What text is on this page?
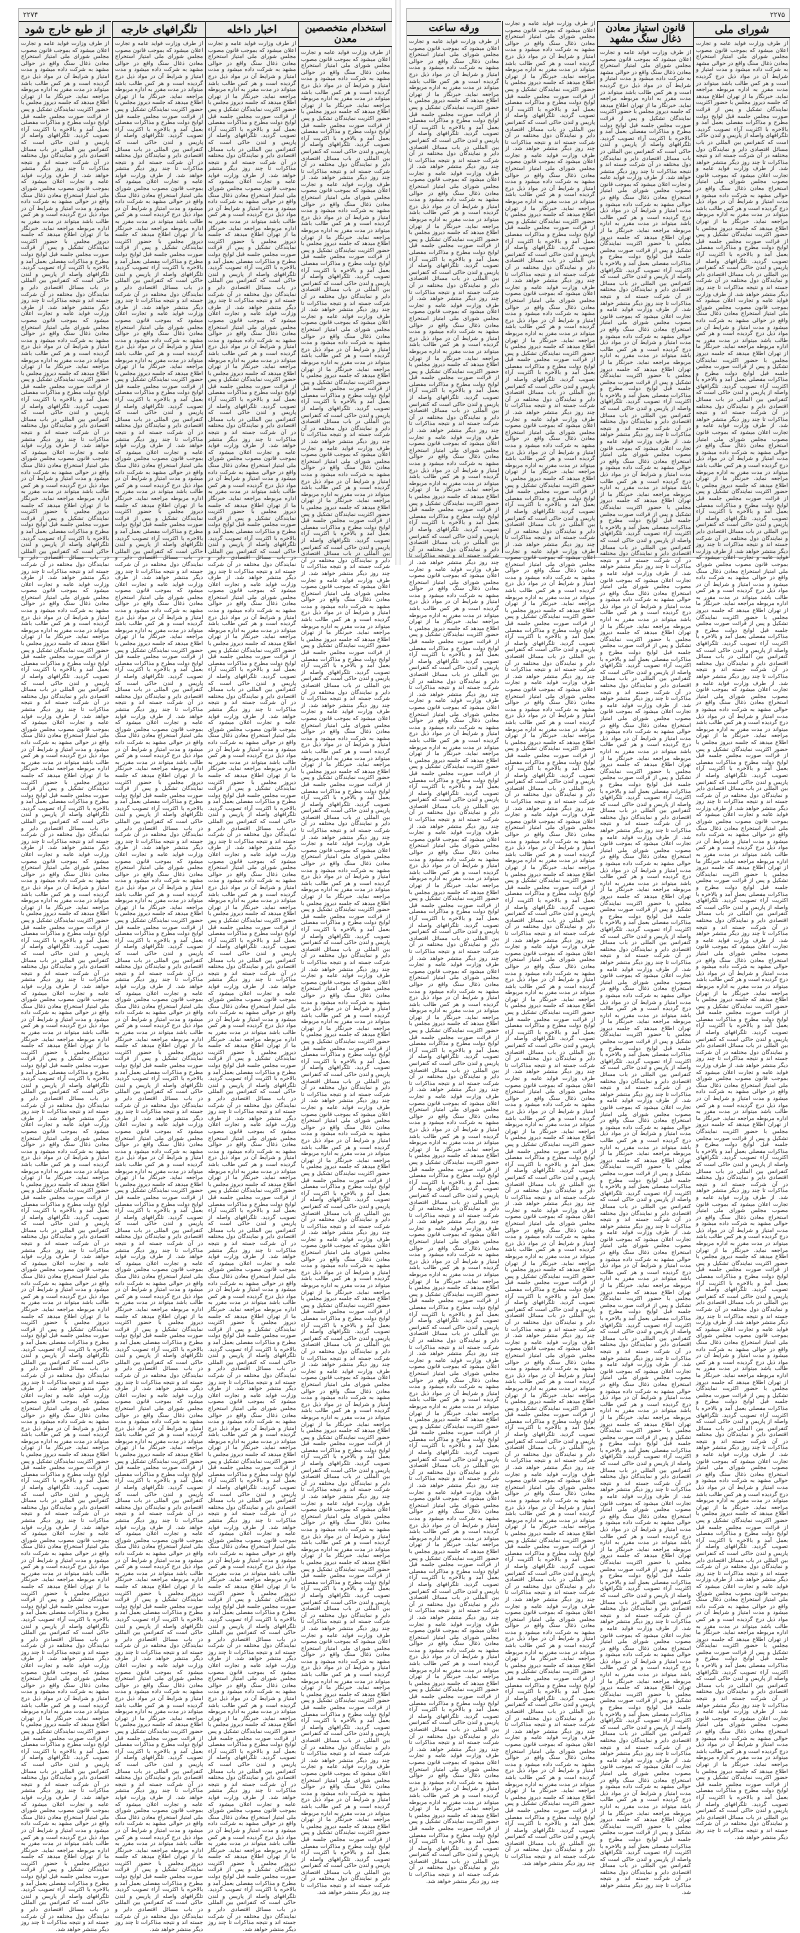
۲۲۷۴
از طبع خارج شود

از طرف وزارت فواید عامه و تجارت اعلان میشود که بموجب قانون مصوب مجلس شورای ملی امتیاز استخراج معادن ذغال سنگ واقع در حوالی مشهد به شرکت داده میشود و مدت امتیاز و شرایط آن در مواد ذیل درج گردیده است و هر کس طالب باشد میتواند در مدت مقرر به اداره مربوطه مراجعه نماید. خبرنگار ما از تهران اطلاع میدهد که جلسه دیروز مجلس با حضور اکثریت نمایندگان تشکیل و پس از قرائت صورت مجلس جلسه قبل لوایح دولت مطرح و مذاکرات مفصلی بعمل آمد و بالاخره با اکثریت آراء تصویب گردید. تلگرافهای واصله از پاریس و لندن حاکی است که کنفرانس بین المللی در باب مسائل اقتصادی دایر و نمایندگان دول مختلفه در آن شرکت جسته اند و نتیجه مذاکرات تا چند روز دیگر منتشر خواهد شد. از طرف وزارت فواید عامه و تجارت اعلان میشود که بموجب قانون مصوب مجلس شورای ملی امتیاز استخراج معادن ذغال سنگ واقع در حوالی مشهد به شرکت داده میشود و مدت امتیاز و شرایط آن در مواد ذیل درج گردیده است و هر کس طالب باشد میتواند در مدت مقرر به اداره مربوطه مراجعه نماید. خبرنگار ما از تهران اطلاع میدهد که جلسه دیروز مجلس با حضور اکثریت نمایندگان تشکیل و پس از قرائت صورت مجلس جلسه قبل لوایح دولت مطرح و مذاکرات مفصلی بعمل آمد و بالاخره با اکثریت آراء تصویب گردید. تلگرافهای واصله از پاریس و لندن حاکی است که کنفرانس بین المللی در باب مسائل اقتصادی دایر و نمایندگان دول مختلفه در آن شرکت جسته اند و نتیجه مذاکرات تا چند روز دیگر منتشر خواهد شد. از طرف وزارت فواید عامه و تجارت اعلان میشود که بموجب قانون مصوب مجلس شورای ملی امتیاز استخراج معادن ذغال سنگ واقع در حوالی مشهد به شرکت داده میشود و مدت امتیاز و شرایط آن در مواد ذیل درج گردیده است و هر کس طالب باشد میتواند در مدت مقرر به اداره مربوطه مراجعه نماید. خبرنگار ما از تهران اطلاع میدهد که جلسه دیروز مجلس با حضور اکثریت نمایندگان تشکیل و پس از قرائت صورت مجلس جلسه قبل لوایح دولت مطرح و مذاکرات مفصلی بعمل آمد و بالاخره با اکثریت آراء تصویب گردید. تلگرافهای واصله از پاریس و لندن حاکی است که کنفرانس بین المللی در باب مسائل اقتصادی دایر و نمایندگان دول مختلفه در آن شرکت جسته اند و نتیجه مذاکرات تا چند روز دیگر منتشر خواهد شد. از طرف وزارت فواید عامه و تجارت اعلان میشود که بموجب قانون مصوب مجلس شورای ملی امتیاز استخراج معادن ذغال سنگ واقع در حوالی مشهد به شرکت داده میشود و مدت امتیاز و شرایط آن در مواد ذیل درج گردیده است و هر کس طالب باشد میتواند در مدت مقرر به اداره مربوطه مراجعه نماید. خبرنگار ما از تهران اطلاع میدهد که جلسه دیروز مجلس با حضور اکثریت نمایندگان تشکیل و پس از قرائت صورت مجلس جلسه قبل لوایح دولت مطرح و مذاکرات مفصلی بعمل آمد و بالاخره با اکثریت آراء تصویب گردید. تلگرافهای واصله از پاریس و لندن حاکی است که کنفرانس بین المللی در باب مسائل اقتصادی دایر و نمایندگان دول مختلفه در آن شرکت جسته اند و نتیجه مذاکرات تا چند روز دیگر منتشر خواهد شد. از طرف وزارت فواید عامه و تجارت اعلان میشود که بموجب قانون مصوب مجلس شورای ملی امتیاز استخراج معادن ذغال سنگ واقع در حوالی مشهد به شرکت داده میشود و مدت امتیاز و شرایط آن در مواد ذیل درج گردیده است و هر کس طالب باشد میتواند در مدت مقرر به اداره مربوطه مراجعه نماید. خبرنگار ما از تهران اطلاع میدهد که جلسه دیروز مجلس با حضور اکثریت نمایندگان تشکیل و پس از قرائت صورت مجلس جلسه قبل لوایح دولت مطرح و مذاکرات مفصلی بعمل آمد و بالاخره با اکثریت آراء تصویب گردید. تلگرافهای واصله از پاریس و لندن حاکی است که کنفرانس بین المللی در باب مسائل اقتصادی دایر و نمایندگان دول مختلفه در آن شرکت جسته اند و نتیجه مذاکرات تا چند روز دیگر منتشر خواهد شد. از طرف وزارت فواید عامه و تجارت اعلان میشود که بموجب قانون مصوب مجلس شورای ملی امتیاز استخراج معادن ذغال سنگ واقع در حوالی مشهد به شرکت داده میشود و مدت امتیاز و شرایط آن در مواد ذیل درج گردیده است و هر کس طالب باشد میتواند در مدت مقرر به اداره مربوطه مراجعه نماید. خبرنگار ما از تهران اطلاع میدهد که جلسه دیروز مجلس با حضور اکثریت نمایندگان تشکیل و پس از قرائت صورت مجلس جلسه قبل لوایح دولت مطرح و مذاکرات مفصلی بعمل آمد و بالاخره با اکثریت آراء تصویب گردید. تلگرافهای واصله از پاریس و لندن حاکی است که کنفرانس بین المللی در باب مسائل اقتصادی دایر و نمایندگان دول مختلفه در آن شرکت جسته اند و نتیجه مذاکرات تا چند روز دیگر منتشر خواهد شد. از طرف وزارت فواید عامه و تجارت اعلان میشود که بموجب قانون مصوب مجلس شورای ملی امتیاز استخراج معادن ذغال سنگ واقع در حوالی مشهد به شرکت داده میشود و مدت امتیاز و شرایط آن در مواد ذیل درج گردیده است و هر کس طالب باشد میتواند در مدت مقرر به اداره مربوطه مراجعه نماید. خبرنگار ما از تهران اطلاع میدهد که جلسه دیروز مجلس با حضور اکثریت نمایندگان تشکیل و پس از قرائت صورت مجلس جلسه قبل لوایح دولت مطرح و مذاکرات مفصلی بعمل آمد و بالاخره با اکثریت آراء تصویب گردید. تلگرافهای واصله از پاریس و لندن حاکی است که کنفرانس بین المللی در باب مسائل اقتصادی دایر و نمایندگان دول مختلفه در آن شرکت جسته اند و نتیجه مذاکرات تا چند روز دیگر منتشر خواهد شد. از طرف وزارت فواید عامه و تجارت اعلان میشود که بموجب قانون مصوب مجلس شورای ملی امتیاز استخراج معادن ذغال سنگ واقع در حوالی مشهد به شرکت داده میشود و مدت امتیاز و شرایط آن در مواد ذیل درج گردیده است و هر کس طالب باشد میتواند در مدت مقرر به اداره مربوطه مراجعه نماید. خبرنگار ما از تهران اطلاع میدهد که جلسه دیروز مجلس با حضور اکثریت نمایندگان تشکیل و پس از قرائت صورت مجلس جلسه قبل لوایح دولت مطرح و مذاکرات مفصلی بعمل آمد و بالاخره با اکثریت آراء تصویب گردید. تلگرافهای واصله از پاریس و لندن حاکی است که کنفرانس بین المللی در باب مسائل اقتصادی دایر و نمایندگان دول مختلفه در آن شرکت جسته اند و نتیجه مذاکرات تا چند روز دیگر منتشر خواهد شد. از طرف وزارت فواید عامه و تجارت اعلان میشود که بموجب قانون مصوب مجلس شورای ملی امتیاز استخراج معادن ذغال سنگ واقع در حوالی مشهد به شرکت داده میشود و مدت امتیاز و شرایط آن در مواد ذیل درج گردیده است و هر کس طالب باشد میتواند در مدت مقرر به اداره مربوطه مراجعه نماید. خبرنگار ما از تهران اطلاع میدهد که جلسه دیروز مجلس با حضور اکثریت نمایندگان تشکیل و پس از قرائت صورت مجلس جلسه قبل لوایح دولت مطرح و مذاکرات مفصلی بعمل آمد و بالاخره با اکثریت آراء تصویب گردید. تلگرافهای واصله از پاریس و لندن حاکی است که کنفرانس بین المللی در باب مسائل اقتصادی دایر و نمایندگان دول مختلفه در آن شرکت جسته اند و نتیجه مذاکرات تا چند روز دیگر منتشر خواهد شد. از طرف وزارت فواید عامه و تجارت اعلان میشود که بموجب قانون مصوب مجلس شورای ملی امتیاز استخراج معادن ذغال سنگ واقع در حوالی مشهد به شرکت داده میشود و مدت امتیاز و شرایط آن در مواد ذیل درج گردیده است و هر کس طالب باشد میتواند در مدت مقرر به اداره مربوطه مراجعه نماید. خبرنگار ما از تهران اطلاع میدهد که جلسه دیروز مجلس با حضور اکثریت نمایندگان تشکیل و پس از قرائت صورت مجلس جلسه قبل لوایح دولت مطرح و مذاکرات مفصلی بعمل آمد و بالاخره با اکثریت آراء تصویب گردید. تلگرافهای واصله از پاریس و لندن حاکی است که کنفرانس بین المللی در باب مسائل اقتصادی دایر و نمایندگان دول مختلفه در آن شرکت جسته اند و نتیجه مذاکرات تا چند روز دیگر منتشر خواهد شد. از طرف وزارت فواید عامه و تجارت اعلان میشود که بموجب قانون مصوب مجلس شورای ملی امتیاز استخراج معادن ذغال سنگ واقع در حوالی مشهد به شرکت داده میشود و مدت امتیاز و شرایط آن در مواد ذیل درج گردیده است و هر کس طالب باشد میتواند در مدت مقرر به اداره مربوطه مراجعه نماید. خبرنگار ما از تهران اطلاع میدهد که جلسه دیروز مجلس با حضور اکثریت نمایندگان تشکیل و پس از قرائت صورت مجلس جلسه قبل لوایح دولت مطرح و مذاکرات مفصلی بعمل آمد و بالاخره با اکثریت آراء تصویب گردید. تلگرافهای واصله از پاریس و لندن حاکی است که کنفرانس بین المللی در باب مسائل اقتصادی دایر و نمایندگان دول مختلفه در آن شرکت جسته اند و نتیجه مذاکرات تا چند روز دیگر منتشر خواهد شد. از طرف وزارت فواید عامه و تجارت اعلان میشود که بموجب قانون مصوب مجلس شورای ملی امتیاز استخراج معادن ذغال سنگ واقع در حوالی مشهد به شرکت داده میشود و مدت امتیاز و شرایط آن در مواد ذیل درج گردیده است و هر کس طالب باشد میتواند در مدت مقرر به اداره مربوطه مراجعه نماید. خبرنگار ما از تهران اطلاع میدهد که جلسه دیروز مجلس با حضور اکثریت نمایندگان تشکیل و پس از قرائت صورت مجلس جلسه قبل لوایح دولت مطرح و مذاکرات مفصلی بعمل آمد و بالاخره با اکثریت آراء تصویب گردید. تلگرافهای واصله از پاریس و لندن حاکی است که کنفرانس بین المللی در باب مسائل اقتصادی دایر و نمایندگان دول مختلفه در آن شرکت جسته اند و نتیجه مذاکرات تا چند روز دیگر منتشر خواهد شد. از طرف وزارت فواید عامه و تجارت اعلان میشود که بموجب قانون مصوب مجلس شورای ملی امتیاز استخراج معادن ذغال سنگ واقع در حوالی مشهد به شرکت داده میشود و مدت امتیاز و شرایط آن در مواد ذیل درج گردیده است و هر کس طالب باشد میتواند در مدت مقرر به اداره مربوطه مراجعه نماید. خبرنگار ما از تهران اطلاع میدهد که جلسه دیروز مجلس با حضور اکثریت نمایندگان تشکیل و پس از قرائت صورت مجلس جلسه قبل لوایح دولت مطرح و مذاکرات مفصلی بعمل آمد و بالاخره با اکثریت آراء تصویب گردید. تلگرافهای واصله از پاریس و لندن حاکی است که کنفرانس بین المللی در باب مسائل اقتصادی دایر و نمایندگان دول مختلفه در آن شرکت جسته اند و نتیجه مذاکرات تا چند روز دیگر منتشر خواهد شد. از طرف وزارت فواید عامه و تجارت اعلان میشود که بموجب قانون مصوب مجلس شورای ملی امتیاز استخراج معادن ذغال سنگ واقع در حوالی مشهد به شرکت داده میشود و مدت امتیاز و شرایط آن در مواد ذیل درج گردیده است و هر کس طالب باشد میتواند در مدت مقرر به اداره مربوطه مراجعه نماید. خبرنگار ما از تهران اطلاع میدهد که جلسه دیروز مجلس با حضور اکثریت نمایندگان تشکیل و پس از قرائت صورت مجلس جلسه قبل لوایح دولت مطرح و مذاکرات مفصلی بعمل آمد و بالاخره با اکثریت آراء تصویب گردید. تلگرافهای واصله از پاریس و لندن حاکی است که کنفرانس بین المللی در باب مسائل اقتصادی دایر و نمایندگان دول مختلفه در آن شرکت جسته اند و نتیجه مذاکرات تا چند روز دیگر منتشر خواهد شد.

تلگرافهای خارجه

از طرف وزارت فواید عامه و تجارت اعلان میشود که بموجب قانون مصوب مجلس شورای ملی امتیاز استخراج معادن ذغال سنگ واقع در حوالی مشهد به شرکت داده میشود و مدت امتیاز و شرایط آن در مواد ذیل درج گردیده است و هر کس طالب باشد میتواند در مدت مقرر به اداره مربوطه مراجعه نماید. خبرنگار ما از تهران اطلاع میدهد که جلسه دیروز مجلس با حضور اکثریت نمایندگان تشکیل و پس از قرائت صورت مجلس جلسه قبل لوایح دولت مطرح و مذاکرات مفصلی بعمل آمد و بالاخره با اکثریت آراء تصویب گردید. تلگرافهای واصله از پاریس و لندن حاکی است که کنفرانس بین المللی در باب مسائل اقتصادی دایر و نمایندگان دول مختلفه در آن شرکت جسته اند و نتیجه مذاکرات تا چند روز دیگر منتشر خواهد شد. از طرف وزارت فواید عامه و تجارت اعلان میشود که بموجب قانون مصوب مجلس شورای ملی امتیاز استخراج معادن ذغال سنگ واقع در حوالی مشهد به شرکت داده میشود و مدت امتیاز و شرایط آن در مواد ذیل درج گردیده است و هر کس طالب باشد میتواند در مدت مقرر به اداره مربوطه مراجعه نماید. خبرنگار ما از تهران اطلاع میدهد که جلسه دیروز مجلس با حضور اکثریت نمایندگان تشکیل و پس از قرائت صورت مجلس جلسه قبل لوایح دولت مطرح و مذاکرات مفصلی بعمل آمد و بالاخره با اکثریت آراء تصویب گردید. تلگرافهای واصله از پاریس و لندن حاکی است که کنفرانس بین المللی در باب مسائل اقتصادی دایر و نمایندگان دول مختلفه در آن شرکت جسته اند و نتیجه مذاکرات تا چند روز دیگر منتشر خواهد شد. از طرف وزارت فواید عامه و تجارت اعلان میشود که بموجب قانون مصوب مجلس شورای ملی امتیاز استخراج معادن ذغال سنگ واقع در حوالی مشهد به شرکت داده میشود و مدت امتیاز و شرایط آن در مواد ذیل درج گردیده است و هر کس طالب باشد میتواند در مدت مقرر به اداره مربوطه مراجعه نماید. خبرنگار ما از تهران اطلاع میدهد که جلسه دیروز مجلس با حضور اکثریت نمایندگان تشکیل و پس از قرائت صورت مجلس جلسه قبل لوایح دولت مطرح و مذاکرات مفصلی بعمل آمد و بالاخره با اکثریت آراء تصویب گردید. تلگرافهای واصله از پاریس و لندن حاکی است که کنفرانس بین المللی در باب مسائل اقتصادی دایر و نمایندگان دول مختلفه در آن شرکت جسته اند و نتیجه مذاکرات تا چند روز دیگر منتشر خواهد شد. از طرف وزارت فواید عامه و تجارت اعلان میشود که بموجب قانون مصوب مجلس شورای ملی امتیاز استخراج معادن ذغال سنگ واقع در حوالی مشهد به شرکت داده میشود و مدت امتیاز و شرایط آن در مواد ذیل درج گردیده است و هر کس طالب باشد میتواند در مدت مقرر به اداره مربوطه مراجعه نماید. خبرنگار ما از تهران اطلاع میدهد که جلسه دیروز مجلس با حضور اکثریت نمایندگان تشکیل و پس از قرائت صورت مجلس جلسه قبل لوایح دولت مطرح و مذاکرات مفصلی بعمل آمد و بالاخره با اکثریت آراء تصویب گردید. تلگرافهای واصله از پاریس و لندن حاکی است که کنفرانس بین المللی در باب مسائل اقتصادی دایر و نمایندگان دول مختلفه در آن شرکت جسته اند و نتیجه مذاکرات تا چند روز دیگر منتشر خواهد شد. از طرف وزارت فواید عامه و تجارت اعلان میشود که بموجب قانون مصوب مجلس شورای ملی امتیاز استخراج معادن ذغال سنگ واقع در حوالی مشهد به شرکت داده میشود و مدت امتیاز و شرایط آن در مواد ذیل درج گردیده است و هر کس طالب باشد میتواند در مدت مقرر به اداره مربوطه مراجعه نماید. خبرنگار ما از تهران اطلاع میدهد که جلسه دیروز مجلس با حضور اکثریت نمایندگان تشکیل و پس از قرائت صورت مجلس جلسه قبل لوایح دولت مطرح و مذاکرات مفصلی بعمل آمد و بالاخره با اکثریت آراء تصویب گردید. تلگرافهای واصله از پاریس و لندن حاکی است که کنفرانس بین المللی در باب مسائل اقتصادی دایر و نمایندگان دول مختلفه در آن شرکت جسته اند و نتیجه مذاکرات تا چند روز دیگر منتشر خواهد شد. از طرف وزارت فواید عامه و تجارت اعلان میشود که بموجب قانون مصوب مجلس شورای ملی امتیاز استخراج معادن ذغال سنگ واقع در حوالی مشهد به شرکت داده میشود و مدت امتیاز و شرایط آن در مواد ذیل درج گردیده است و هر کس طالب باشد میتواند در مدت مقرر به اداره مربوطه مراجعه نماید. خبرنگار ما از تهران اطلاع میدهد که جلسه دیروز مجلس با حضور اکثریت نمایندگان تشکیل و پس از قرائت صورت مجلس جلسه قبل لوایح دولت مطرح و مذاکرات مفصلی بعمل آمد و بالاخره با اکثریت آراء تصویب گردید. تلگرافهای واصله از پاریس و لندن حاکی است که کنفرانس بین المللی در باب مسائل اقتصادی دایر و نمایندگان دول مختلفه در آن شرکت جسته اند و نتیجه مذاکرات تا چند روز دیگر منتشر خواهد شد. از طرف وزارت فواید عامه و تجارت اعلان میشود که بموجب قانون مصوب مجلس شورای ملی امتیاز استخراج معادن ذغال سنگ واقع در حوالی مشهد به شرکت داده میشود و مدت امتیاز و شرایط آن در مواد ذیل درج گردیده است و هر کس طالب باشد میتواند در مدت مقرر به اداره مربوطه مراجعه نماید. خبرنگار ما از تهران اطلاع میدهد که جلسه دیروز مجلس با حضور اکثریت نمایندگان تشکیل و پس از قرائت صورت مجلس جلسه قبل لوایح دولت مطرح و مذاکرات مفصلی بعمل آمد و بالاخره با اکثریت آراء تصویب گردید. تلگرافهای واصله از پاریس و لندن حاکی است که کنفرانس بین المللی در باب مسائل اقتصادی دایر و نمایندگان دول مختلفه در آن شرکت جسته اند و نتیجه مذاکرات تا چند روز دیگر منتشر خواهد شد. از طرف وزارت فواید عامه و تجارت اعلان میشود که بموجب قانون مصوب مجلس شورای ملی امتیاز استخراج معادن ذغال سنگ واقع در حوالی مشهد به شرکت داده میشود و مدت امتیاز و شرایط آن در مواد ذیل درج گردیده است و هر کس طالب باشد میتواند در مدت مقرر به اداره مربوطه مراجعه نماید. خبرنگار ما از تهران اطلاع میدهد که جلسه دیروز مجلس با حضور اکثریت نمایندگان تشکیل و پس از قرائت صورت مجلس جلسه قبل لوایح دولت مطرح و مذاکرات مفصلی بعمل آمد و بالاخره با اکثریت آراء تصویب گردید. تلگرافهای واصله از پاریس و لندن حاکی است که کنفرانس بین المللی در باب مسائل اقتصادی دایر و نمایندگان دول مختلفه در آن شرکت جسته اند و نتیجه مذاکرات تا چند روز دیگر منتشر خواهد شد. از طرف وزارت فواید عامه و تجارت اعلان میشود که بموجب قانون مصوب مجلس شورای ملی امتیاز استخراج معادن ذغال سنگ واقع در حوالی مشهد به شرکت داده میشود و مدت امتیاز و شرایط آن در مواد ذیل درج گردیده است و هر کس طالب باشد میتواند در مدت مقرر به اداره مربوطه مراجعه نماید. خبرنگار ما از تهران اطلاع میدهد که جلسه دیروز مجلس با حضور اکثریت نمایندگان تشکیل و پس از قرائت صورت مجلس جلسه قبل لوایح دولت مطرح و مذاکرات مفصلی بعمل آمد و بالاخره با اکثریت آراء تصویب گردید. تلگرافهای واصله از پاریس و لندن حاکی است که کنفرانس بین المللی در باب مسائل اقتصادی دایر و نمایندگان دول مختلفه در آن شرکت جسته اند و نتیجه مذاکرات تا چند روز دیگر منتشر خواهد شد. از طرف وزارت فواید عامه و تجارت اعلان میشود که بموجب قانون مصوب مجلس شورای ملی امتیاز استخراج معادن ذغال سنگ واقع در حوالی مشهد به شرکت داده میشود و مدت امتیاز و شرایط آن در مواد ذیل درج گردیده است و هر کس طالب باشد میتواند در مدت مقرر به اداره مربوطه مراجعه نماید. خبرنگار ما از تهران اطلاع میدهد که جلسه دیروز مجلس با حضور اکثریت نمایندگان تشکیل و پس از قرائت صورت مجلس جلسه قبل لوایح دولت مطرح و مذاکرات مفصلی بعمل آمد و بالاخره با اکثریت آراء تصویب گردید. تلگرافهای واصله از پاریس و لندن حاکی است که کنفرانس بین المللی در باب مسائل اقتصادی دایر و نمایندگان دول مختلفه در آن شرکت جسته اند و نتیجه مذاکرات تا چند روز دیگر منتشر خواهد شد. از طرف وزارت فواید عامه و تجارت اعلان میشود که بموجب قانون مصوب مجلس شورای ملی امتیاز استخراج معادن ذغال سنگ واقع در حوالی مشهد به شرکت داده میشود و مدت امتیاز و شرایط آن در مواد ذیل درج گردیده است و هر کس طالب باشد میتواند در مدت مقرر به اداره مربوطه مراجعه نماید. خبرنگار ما از تهران اطلاع میدهد که جلسه دیروز مجلس با حضور اکثریت نمایندگان تشکیل و پس از قرائت صورت مجلس جلسه قبل لوایح دولت مطرح و مذاکرات مفصلی بعمل آمد و بالاخره با اکثریت آراء تصویب گردید. تلگرافهای واصله از پاریس و لندن حاکی است که کنفرانس بین المللی در باب مسائل اقتصادی دایر و نمایندگان دول مختلفه در آن شرکت جسته اند و نتیجه مذاکرات تا چند روز دیگر منتشر خواهد شد. از طرف وزارت فواید عامه و تجارت اعلان میشود که بموجب قانون مصوب مجلس شورای ملی امتیاز استخراج معادن ذغال سنگ واقع در حوالی مشهد به شرکت داده میشود و مدت امتیاز و شرایط آن در مواد ذیل درج گردیده است و هر کس طالب باشد میتواند در مدت مقرر به اداره مربوطه مراجعه نماید. خبرنگار ما از تهران اطلاع میدهد که جلسه دیروز مجلس با حضور اکثریت نمایندگان تشکیل و پس از قرائت صورت مجلس جلسه قبل لوایح دولت مطرح و مذاکرات مفصلی بعمل آمد و بالاخره با اکثریت آراء تصویب گردید. تلگرافهای واصله از پاریس و لندن حاکی است که کنفرانس بین المللی در باب مسائل اقتصادی دایر و نمایندگان دول مختلفه در آن شرکت جسته اند و نتیجه مذاکرات تا چند روز دیگر منتشر خواهد شد. از طرف وزارت فواید عامه و تجارت اعلان میشود که بموجب قانون مصوب مجلس شورای ملی امتیاز استخراج معادن ذغال سنگ واقع در حوالی مشهد به شرکت داده میشود و مدت امتیاز و شرایط آن در مواد ذیل درج گردیده است و هر کس طالب باشد میتواند در مدت مقرر به اداره مربوطه مراجعه نماید. خبرنگار ما از تهران اطلاع میدهد که جلسه دیروز مجلس با حضور اکثریت نمایندگان تشکیل و پس از قرائت صورت مجلس جلسه قبل لوایح دولت مطرح و مذاکرات مفصلی بعمل آمد و بالاخره با اکثریت آراء تصویب گردید. تلگرافهای واصله از پاریس و لندن حاکی است که کنفرانس بین المللی در باب مسائل اقتصادی دایر و نمایندگان دول مختلفه در آن شرکت جسته اند و نتیجه مذاکرات تا چند روز دیگر منتشر خواهد شد. از طرف وزارت فواید عامه و تجارت اعلان میشود که بموجب قانون مصوب مجلس شورای ملی امتیاز استخراج معادن ذغال سنگ واقع در حوالی مشهد به شرکت داده میشود و مدت امتیاز و شرایط آن در مواد ذیل درج گردیده است و هر کس طالب باشد میتواند در مدت مقرر به اداره مربوطه مراجعه نماید. خبرنگار ما از تهران اطلاع میدهد که جلسه دیروز مجلس با حضور اکثریت نمایندگان تشکیل و پس از قرائت صورت مجلس جلسه قبل لوایح دولت مطرح و مذاکرات مفصلی بعمل آمد و بالاخره با اکثریت آراء تصویب گردید. تلگرافهای واصله از پاریس و لندن حاکی است که کنفرانس بین المللی در باب مسائل اقتصادی دایر و نمایندگان دول مختلفه در آن شرکت جسته اند و نتیجه مذاکرات تا چند روز دیگر منتشر خواهد شد.

اخبار داخله

از طرف وزارت فواید عامه و تجارت اعلان میشود که بموجب قانون مصوب مجلس شورای ملی امتیاز استخراج معادن ذغال سنگ واقع در حوالی مشهد به شرکت داده میشود و مدت امتیاز و شرایط آن در مواد ذیل درج گردیده است و هر کس طالب باشد میتواند در مدت مقرر به اداره مربوطه مراجعه نماید. خبرنگار ما از تهران اطلاع میدهد که جلسه دیروز مجلس با حضور اکثریت نمایندگان تشکیل و پس از قرائت صورت مجلس جلسه قبل لوایح دولت مطرح و مذاکرات مفصلی بعمل آمد و بالاخره با اکثریت آراء تصویب گردید. تلگرافهای واصله از پاریس و لندن حاکی است که کنفرانس بین المللی در باب مسائل اقتصادی دایر و نمایندگان دول مختلفه در آن شرکت جسته اند و نتیجه مذاکرات تا چند روز دیگر منتشر خواهد شد. از طرف وزارت فواید عامه و تجارت اعلان میشود که بموجب قانون مصوب مجلس شورای ملی امتیاز استخراج معادن ذغال سنگ واقع در حوالی مشهد به شرکت داده میشود و مدت امتیاز و شرایط آن در مواد ذیل درج گردیده است و هر کس طالب باشد میتواند در مدت مقرر به اداره مربوطه مراجعه نماید. خبرنگار ما از تهران اطلاع میدهد که جلسه دیروز مجلس با حضور اکثریت نمایندگان تشکیل و پس از قرائت صورت مجلس جلسه قبل لوایح دولت مطرح و مذاکرات مفصلی بعمل آمد و بالاخره با اکثریت آراء تصویب گردید. تلگرافهای واصله از پاریس و لندن حاکی است که کنفرانس بین المللی در باب مسائل اقتصادی دایر و نمایندگان دول مختلفه در آن شرکت جسته اند و نتیجه مذاکرات تا چند روز دیگر منتشر خواهد شد. از طرف وزارت فواید عامه و تجارت اعلان میشود که بموجب قانون مصوب مجلس شورای ملی امتیاز استخراج معادن ذغال سنگ واقع در حوالی مشهد به شرکت داده میشود و مدت امتیاز و شرایط آن در مواد ذیل درج گردیده است و هر کس طالب باشد میتواند در مدت مقرر به اداره مربوطه مراجعه نماید. خبرنگار ما از تهران اطلاع میدهد که جلسه دیروز مجلس با حضور اکثریت نمایندگان تشکیل و پس از قرائت صورت مجلس جلسه قبل لوایح دولت مطرح و مذاکرات مفصلی بعمل آمد و بالاخره با اکثریت آراء تصویب گردید. تلگرافهای واصله از پاریس و لندن حاکی است که کنفرانس بین المللی در باب مسائل اقتصادی دایر و نمایندگان دول مختلفه در آن شرکت جسته اند و نتیجه مذاکرات تا چند روز دیگر منتشر خواهد شد. از طرف وزارت فواید عامه و تجارت اعلان میشود که بموجب قانون مصوب مجلس شورای ملی امتیاز استخراج معادن ذغال سنگ واقع در حوالی مشهد به شرکت داده میشود و مدت امتیاز و شرایط آن در مواد ذیل درج گردیده است و هر کس طالب باشد میتواند در مدت مقرر به اداره مربوطه مراجعه نماید. خبرنگار ما از تهران اطلاع میدهد که جلسه دیروز مجلس با حضور اکثریت نمایندگان تشکیل و پس از قرائت صورت مجلس جلسه قبل لوایح دولت مطرح و مذاکرات مفصلی بعمل آمد و بالاخره با اکثریت آراء تصویب گردید. تلگرافهای واصله از پاریس و لندن حاکی است که کنفرانس بین المللی در باب مسائل اقتصادی دایر و نمایندگان دول مختلفه در آن شرکت جسته اند و نتیجه مذاکرات تا چند روز دیگر منتشر خواهد شد. از طرف وزارت فواید عامه و تجارت اعلان میشود که بموجب قانون مصوب مجلس شورای ملی امتیاز استخراج معادن ذغال سنگ واقع در حوالی مشهد به شرکت داده میشود و مدت امتیاز و شرایط آن در مواد ذیل درج گردیده است و هر کس طالب باشد میتواند در مدت مقرر به اداره مربوطه مراجعه نماید. خبرنگار ما از تهران اطلاع میدهد که جلسه دیروز مجلس با حضور اکثریت نمایندگان تشکیل و پس از قرائت صورت مجلس جلسه قبل لوایح دولت مطرح و مذاکرات مفصلی بعمل آمد و بالاخره با اکثریت آراء تصویب گردید. تلگرافهای واصله از پاریس و لندن حاکی است که کنفرانس بین المللی در باب مسائل اقتصادی دایر و نمایندگان دول مختلفه در آن شرکت جسته اند و نتیجه مذاکرات تا چند روز دیگر منتشر خواهد شد. از طرف وزارت فواید عامه و تجارت اعلان میشود که بموجب قانون مصوب مجلس شورای ملی امتیاز استخراج معادن ذغال سنگ واقع در حوالی مشهد به شرکت داده میشود و مدت امتیاز و شرایط آن در مواد ذیل درج گردیده است و هر کس طالب باشد میتواند در مدت مقرر به اداره مربوطه مراجعه نماید. خبرنگار ما از تهران اطلاع میدهد که جلسه دیروز مجلس با حضور اکثریت نمایندگان تشکیل و پس از قرائت صورت مجلس جلسه قبل لوایح دولت مطرح و مذاکرات مفصلی بعمل آمد و بالاخره با اکثریت آراء تصویب گردید. تلگرافهای واصله از پاریس و لندن حاکی است که کنفرانس بین المللی در باب مسائل اقتصادی دایر و نمایندگان دول مختلفه در آن شرکت جسته اند و نتیجه مذاکرات تا چند روز دیگر منتشر خواهد شد. از طرف وزارت فواید عامه و تجارت اعلان میشود که بموجب قانون مصوب مجلس شورای ملی امتیاز استخراج معادن ذغال سنگ واقع در حوالی مشهد به شرکت داده میشود و مدت امتیاز و شرایط آن در مواد ذیل درج گردیده است و هر کس طالب باشد میتواند در مدت مقرر به اداره مربوطه مراجعه نماید. خبرنگار ما از تهران اطلاع میدهد که جلسه دیروز مجلس با حضور اکثریت نمایندگان تشکیل و پس از قرائت صورت مجلس جلسه قبل لوایح دولت مطرح و مذاکرات مفصلی بعمل آمد و بالاخره با اکثریت آراء تصویب گردید. تلگرافهای واصله از پاریس و لندن حاکی است که کنفرانس بین المللی در باب مسائل اقتصادی دایر و نمایندگان دول مختلفه در آن شرکت جسته اند و نتیجه مذاکرات تا چند روز دیگر منتشر خواهد شد. از طرف وزارت فواید عامه و تجارت اعلان میشود که بموجب قانون مصوب مجلس شورای ملی امتیاز استخراج معادن ذغال سنگ واقع در حوالی مشهد به شرکت داده میشود و مدت امتیاز و شرایط آن در مواد ذیل درج گردیده است و هر کس طالب باشد میتواند در مدت مقرر به اداره مربوطه مراجعه نماید. خبرنگار ما از تهران اطلاع میدهد که جلسه دیروز مجلس با حضور اکثریت نمایندگان تشکیل و پس از قرائت صورت مجلس جلسه قبل لوایح دولت مطرح و مذاکرات مفصلی بعمل آمد و بالاخره با اکثریت آراء تصویب گردید. تلگرافهای واصله از پاریس و لندن حاکی است که کنفرانس بین المللی در باب مسائل اقتصادی دایر و نمایندگان دول مختلفه در آن شرکت جسته اند و نتیجه مذاکرات تا چند روز دیگر منتشر خواهد شد. از طرف وزارت فواید عامه و تجارت اعلان میشود که بموجب قانون مصوب مجلس شورای ملی امتیاز استخراج معادن ذغال سنگ واقع در حوالی مشهد به شرکت داده میشود و مدت امتیاز و شرایط آن در مواد ذیل درج گردیده است و هر کس طالب باشد میتواند در مدت مقرر به اداره مربوطه مراجعه نماید. خبرنگار ما از تهران اطلاع میدهد که جلسه دیروز مجلس با حضور اکثریت نمایندگان تشکیل و پس از قرائت صورت مجلس جلسه قبل لوایح دولت مطرح و مذاکرات مفصلی بعمل آمد و بالاخره با اکثریت آراء تصویب گردید. تلگرافهای واصله از پاریس و لندن حاکی است که کنفرانس بین المللی در باب مسائل اقتصادی دایر و نمایندگان دول مختلفه در آن شرکت جسته اند و نتیجه مذاکرات تا چند روز دیگر منتشر خواهد شد. از طرف وزارت فواید عامه و تجارت اعلان میشود که بموجب قانون مصوب مجلس شورای ملی امتیاز استخراج معادن ذغال سنگ واقع در حوالی مشهد به شرکت داده میشود و مدت امتیاز و شرایط آن در مواد ذیل درج گردیده است و هر کس طالب باشد میتواند در مدت مقرر به اداره مربوطه مراجعه نماید. خبرنگار ما از تهران اطلاع میدهد که جلسه دیروز مجلس با حضور اکثریت نمایندگان تشکیل و پس از قرائت صورت مجلس جلسه قبل لوایح دولت مطرح و مذاکرات مفصلی بعمل آمد و بالاخره با اکثریت آراء تصویب گردید. تلگرافهای واصله از پاریس و لندن حاکی است که کنفرانس بین المللی در باب مسائل اقتصادی دایر و نمایندگان دول مختلفه در آن شرکت جسته اند و نتیجه مذاکرات تا چند روز دیگر منتشر خواهد شد. از طرف وزارت فواید عامه و تجارت اعلان میشود که بموجب قانون مصوب مجلس شورای ملی امتیاز استخراج معادن ذغال سنگ واقع در حوالی مشهد به شرکت داده میشود و مدت امتیاز و شرایط آن در مواد ذیل درج گردیده است و هر کس طالب باشد میتواند در مدت مقرر به اداره مربوطه مراجعه نماید. خبرنگار ما از تهران اطلاع میدهد که جلسه دیروز مجلس با حضور اکثریت نمایندگان تشکیل و پس از قرائت صورت مجلس جلسه قبل لوایح دولت مطرح و مذاکرات مفصلی بعمل آمد و بالاخره با اکثریت آراء تصویب گردید. تلگرافهای واصله از پاریس و لندن حاکی است که کنفرانس بین المللی در باب مسائل اقتصادی دایر و نمایندگان دول مختلفه در آن شرکت جسته اند و نتیجه مذاکرات تا چند روز دیگر منتشر خواهد شد. از طرف وزارت فواید عامه و تجارت اعلان میشود که بموجب قانون مصوب مجلس شورای ملی امتیاز استخراج معادن ذغال سنگ واقع در حوالی مشهد به شرکت داده میشود و مدت امتیاز و شرایط آن در مواد ذیل درج گردیده است و هر کس طالب باشد میتواند در مدت مقرر به اداره مربوطه مراجعه نماید. خبرنگار ما از تهران اطلاع میدهد که جلسه دیروز مجلس با حضور اکثریت نمایندگان تشکیل و پس از قرائت صورت مجلس جلسه قبل لوایح دولت مطرح و مذاکرات مفصلی بعمل آمد و بالاخره با اکثریت آراء تصویب گردید. تلگرافهای واصله از پاریس و لندن حاکی است که کنفرانس بین المللی در باب مسائل اقتصادی دایر و نمایندگان دول مختلفه در آن شرکت جسته اند و نتیجه مذاکرات تا چند روز دیگر منتشر خواهد شد. از طرف وزارت فواید عامه و تجارت اعلان میشود که بموجب قانون مصوب مجلس شورای ملی امتیاز استخراج معادن ذغال سنگ واقع در حوالی مشهد به شرکت داده میشود و مدت امتیاز و شرایط آن در مواد ذیل درج گردیده است و هر کس طالب باشد میتواند در مدت مقرر به اداره مربوطه مراجعه نماید. خبرنگار ما از تهران اطلاع میدهد که جلسه دیروز مجلس با حضور اکثریت نمایندگان تشکیل و پس از قرائت صورت مجلس جلسه قبل لوایح دولت مطرح و مذاکرات مفصلی بعمل آمد و بالاخره با اکثریت آراء تصویب گردید. تلگرافهای واصله از پاریس و لندن حاکی است که کنفرانس بین المللی در باب مسائل اقتصادی دایر و نمایندگان دول مختلفه در آن شرکت جسته اند و نتیجه مذاکرات تا چند روز دیگر منتشر خواهد شد. از طرف وزارت فواید عامه و تجارت اعلان میشود که بموجب قانون مصوب مجلس شورای ملی امتیاز استخراج معادن ذغال سنگ واقع در حوالی مشهد به شرکت داده میشود و مدت امتیاز و شرایط آن در مواد ذیل درج گردیده است و هر کس طالب باشد میتواند در مدت مقرر به اداره مربوطه مراجعه نماید. خبرنگار ما از تهران اطلاع میدهد که جلسه دیروز مجلس با حضور اکثریت نمایندگان تشکیل و پس از قرائت صورت مجلس جلسه قبل لوایح دولت مطرح و مذاکرات مفصلی بعمل آمد و بالاخره با اکثریت آراء تصویب گردید. تلگرافهای واصله از پاریس و لندن حاکی است که کنفرانس بین المللی در باب مسائل اقتصادی دایر و نمایندگان دول مختلفه در آن شرکت جسته اند و نتیجه مذاکرات تا چند روز دیگر منتشر خواهد شد.

استخدام متخصصین معدن

از طرف وزارت فواید عامه و تجارت اعلان میشود که بموجب قانون مصوب مجلس شورای ملی امتیاز استخراج معادن ذغال سنگ واقع در حوالی مشهد به شرکت داده میشود و مدت امتیاز و شرایط آن در مواد ذیل درج گردیده است و هر کس طالب باشد میتواند در مدت مقرر به اداره مربوطه مراجعه نماید. خبرنگار ما از تهران اطلاع میدهد که جلسه دیروز مجلس با حضور اکثریت نمایندگان تشکیل و پس از قرائت صورت مجلس جلسه قبل لوایح دولت مطرح و مذاکرات مفصلی بعمل آمد و بالاخره با اکثریت آراء تصویب گردید. تلگرافهای واصله از پاریس و لندن حاکی است که کنفرانس بین المللی در باب مسائل اقتصادی دایر و نمایندگان دول مختلفه در آن شرکت جسته اند و نتیجه مذاکرات تا چند روز دیگر منتشر خواهد شد. از طرف وزارت فواید عامه و تجارت اعلان میشود که بموجب قانون مصوب مجلس شورای ملی امتیاز استخراج معادن ذغال سنگ واقع در حوالی مشهد به شرکت داده میشود و مدت امتیاز و شرایط آن در مواد ذیل درج گردیده است و هر کس طالب باشد میتواند در مدت مقرر به اداره مربوطه مراجعه نماید. خبرنگار ما از تهران اطلاع میدهد که جلسه دیروز مجلس با حضور اکثریت نمایندگان تشکیل و پس از قرائت صورت مجلس جلسه قبل لوایح دولت مطرح و مذاکرات مفصلی بعمل آمد و بالاخره با اکثریت آراء تصویب گردید. تلگرافهای واصله از پاریس و لندن حاکی است که کنفرانس بین المللی در باب مسائل اقتصادی دایر و نمایندگان دول مختلفه در آن شرکت جسته اند و نتیجه مذاکرات تا چند روز دیگر منتشر خواهد شد. از طرف وزارت فواید عامه و تجارت اعلان میشود که بموجب قانون مصوب مجلس شورای ملی امتیاز استخراج معادن ذغال سنگ واقع در حوالی مشهد به شرکت داده میشود و مدت امتیاز و شرایط آن در مواد ذیل درج گردیده است و هر کس طالب باشد میتواند در مدت مقرر به اداره مربوطه مراجعه نماید. خبرنگار ما از تهران اطلاع میدهد که جلسه دیروز مجلس با حضور اکثریت نمایندگان تشکیل و پس از قرائت صورت مجلس جلسه قبل لوایح دولت مطرح و مذاکرات مفصلی بعمل آمد و بالاخره با اکثریت آراء تصویب گردید. تلگرافهای واصله از پاریس و لندن حاکی است که کنفرانس بین المللی در باب مسائل اقتصادی دایر و نمایندگان دول مختلفه در آن شرکت جسته اند و نتیجه مذاکرات تا چند روز دیگر منتشر خواهد شد. از طرف وزارت فواید عامه و تجارت اعلان میشود که بموجب قانون مصوب مجلس شورای ملی امتیاز استخراج معادن ذغال سنگ واقع در حوالی مشهد به شرکت داده میشود و مدت امتیاز و شرایط آن در مواد ذیل درج گردیده است و هر کس طالب باشد میتواند در مدت مقرر به اداره مربوطه مراجعه نماید. خبرنگار ما از تهران اطلاع میدهد که جلسه دیروز مجلس با حضور اکثریت نمایندگان تشکیل و پس از قرائت صورت مجلس جلسه قبل لوایح دولت مطرح و مذاکرات مفصلی بعمل آمد و بالاخره با اکثریت آراء تصویب گردید. تلگرافهای واصله از پاریس و لندن حاکی است که کنفرانس بین المللی در باب مسائل اقتصادی دایر و نمایندگان دول مختلفه در آن شرکت جسته اند و نتیجه مذاکرات تا چند روز دیگر منتشر خواهد شد. از طرف وزارت فواید عامه و تجارت اعلان میشود که بموجب قانون مصوب مجلس شورای ملی امتیاز استخراج معادن ذغال سنگ واقع در حوالی مشهد به شرکت داده میشود و مدت امتیاز و شرایط آن در مواد ذیل درج گردیده است و هر کس طالب باشد میتواند در مدت مقرر به اداره مربوطه مراجعه نماید. خبرنگار ما از تهران اطلاع میدهد که جلسه دیروز مجلس با حضور اکثریت نمایندگان تشکیل و پس از قرائت صورت مجلس جلسه قبل لوایح دولت مطرح و مذاکرات مفصلی بعمل آمد و بالاخره با اکثریت آراء تصویب گردید. تلگرافهای واصله از پاریس و لندن حاکی است که کنفرانس بین المللی در باب مسائل اقتصادی دایر و نمایندگان دول مختلفه در آن شرکت جسته اند و نتیجه مذاکرات تا چند روز دیگر منتشر خواهد شد. از طرف وزارت فواید عامه و تجارت اعلان میشود که بموجب قانون مصوب مجلس شورای ملی امتیاز استخراج معادن ذغال سنگ واقع در حوالی مشهد به شرکت داده میشود و مدت امتیاز و شرایط آن در مواد ذیل درج گردیده است و هر کس طالب باشد میتواند در مدت مقرر به اداره مربوطه مراجعه نماید. خبرنگار ما از تهران اطلاع میدهد که جلسه دیروز مجلس با حضور اکثریت نمایندگان تشکیل و پس از قرائت صورت مجلس جلسه قبل لوایح دولت مطرح و مذاکرات مفصلی بعمل آمد و بالاخره با اکثریت آراء تصویب گردید. تلگرافهای واصله از پاریس و لندن حاکی است که کنفرانس بین المللی در باب مسائل اقتصادی دایر و نمایندگان دول مختلفه در آن شرکت جسته اند و نتیجه مذاکرات تا چند روز دیگر منتشر خواهد شد. از طرف وزارت فواید عامه و تجارت اعلان میشود که بموجب قانون مصوب مجلس شورای ملی امتیاز استخراج معادن ذغال سنگ واقع در حوالی مشهد به شرکت داده میشود و مدت امتیاز و شرایط آن در مواد ذیل درج گردیده است و هر کس طالب باشد میتواند در مدت مقرر به اداره مربوطه مراجعه نماید. خبرنگار ما از تهران اطلاع میدهد که جلسه دیروز مجلس با حضور اکثریت نمایندگان تشکیل و پس از قرائت صورت مجلس جلسه قبل لوایح دولت مطرح و مذاکرات مفصلی بعمل آمد و بالاخره با اکثریت آراء تصویب گردید. تلگرافهای واصله از پاریس و لندن حاکی است که کنفرانس بین المللی در باب مسائل اقتصادی دایر و نمایندگان دول مختلفه در آن شرکت جسته اند و نتیجه مذاکرات تا چند روز دیگر منتشر خواهد شد. از طرف وزارت فواید عامه و تجارت اعلان میشود که بموجب قانون مصوب مجلس شورای ملی امتیاز استخراج معادن ذغال سنگ واقع در حوالی مشهد به شرکت داده میشود و مدت امتیاز و شرایط آن در مواد ذیل درج گردیده است و هر کس طالب باشد میتواند در مدت مقرر به اداره مربوطه مراجعه نماید. خبرنگار ما از تهران اطلاع میدهد که جلسه دیروز مجلس با حضور اکثریت نمایندگان تشکیل و پس از قرائت صورت مجلس جلسه قبل لوایح دولت مطرح و مذاکرات مفصلی بعمل آمد و بالاخره با اکثریت آراء تصویب گردید. تلگرافهای واصله از پاریس و لندن حاکی است که کنفرانس بین المللی در باب مسائل اقتصادی دایر و نمایندگان دول مختلفه در آن شرکت جسته اند و نتیجه مذاکرات تا چند روز دیگر منتشر خواهد شد. از طرف وزارت فواید عامه و تجارت اعلان میشود که بموجب قانون مصوب مجلس شورای ملی امتیاز استخراج معادن ذغال سنگ واقع در حوالی مشهد به شرکت داده میشود و مدت امتیاز و شرایط آن در مواد ذیل درج گردیده است و هر کس طالب باشد میتواند در مدت مقرر به اداره مربوطه مراجعه نماید. خبرنگار ما از تهران اطلاع میدهد که جلسه دیروز مجلس با حضور اکثریت نمایندگان تشکیل و پس از قرائت صورت مجلس جلسه قبل لوایح دولت مطرح و مذاکرات مفصلی بعمل آمد و بالاخره با اکثریت آراء تصویب گردید. تلگرافهای واصله از پاریس و لندن حاکی است که کنفرانس بین المللی در باب مسائل اقتصادی دایر و نمایندگان دول مختلفه در آن شرکت جسته اند و نتیجه مذاکرات تا چند روز دیگر منتشر خواهد شد. از طرف وزارت فواید عامه و تجارت اعلان میشود که بموجب قانون مصوب مجلس شورای ملی امتیاز استخراج معادن ذغال سنگ واقع در حوالی مشهد به شرکت داده میشود و مدت امتیاز و شرایط آن در مواد ذیل درج گردیده است و هر کس طالب باشد میتواند در مدت مقرر به اداره مربوطه مراجعه نماید. خبرنگار ما از تهران اطلاع میدهد که جلسه دیروز مجلس با حضور اکثریت نمایندگان تشکیل و پس از قرائت صورت مجلس جلسه قبل لوایح دولت مطرح و مذاکرات مفصلی بعمل آمد و بالاخره با اکثریت آراء تصویب گردید. تلگرافهای واصله از پاریس و لندن حاکی است که کنفرانس بین المللی در باب مسائل اقتصادی دایر و نمایندگان دول مختلفه در آن شرکت جسته اند و نتیجه مذاکرات تا چند روز دیگر منتشر خواهد شد. از طرف وزارت فواید عامه و تجارت اعلان میشود که بموجب قانون مصوب مجلس شورای ملی امتیاز استخراج معادن ذغال سنگ واقع در حوالی مشهد به شرکت داده میشود و مدت امتیاز و شرایط آن در مواد ذیل درج گردیده است و هر کس طالب باشد میتواند در مدت مقرر به اداره مربوطه مراجعه نماید. خبرنگار ما از تهران اطلاع میدهد که جلسه دیروز مجلس با حضور اکثریت نمایندگان تشکیل و پس از قرائت صورت مجلس جلسه قبل لوایح دولت مطرح و مذاکرات مفصلی بعمل آمد و بالاخره با اکثریت آراء تصویب گردید. تلگرافهای واصله از پاریس و لندن حاکی است که کنفرانس بین المللی در باب مسائل اقتصادی دایر و نمایندگان دول مختلفه در آن شرکت جسته اند و نتیجه مذاکرات تا چند روز دیگر منتشر خواهد شد. از طرف وزارت فواید عامه و تجارت اعلان میشود که بموجب قانون مصوب مجلس شورای ملی امتیاز استخراج معادن ذغال سنگ واقع در حوالی مشهد به شرکت داده میشود و مدت امتیاز و شرایط آن در مواد ذیل درج گردیده است و هر کس طالب باشد میتواند در مدت مقرر به اداره مربوطه مراجعه نماید. خبرنگار ما از تهران اطلاع میدهد که جلسه دیروز مجلس با حضور اکثریت نمایندگان تشکیل و پس از قرائت صورت مجلس جلسه قبل لوایح دولت مطرح و مذاکرات مفصلی بعمل آمد و بالاخره با اکثریت آراء تصویب گردید. تلگرافهای واصله از پاریس و لندن حاکی است که کنفرانس بین المللی در باب مسائل اقتصادی دایر و نمایندگان دول مختلفه در آن شرکت جسته اند و نتیجه مذاکرات تا چند روز دیگر منتشر خواهد شد. از طرف وزارت فواید عامه و تجارت اعلان میشود که بموجب قانون مصوب مجلس شورای ملی امتیاز استخراج معادن ذغال سنگ واقع در حوالی مشهد به شرکت داده میشود و مدت امتیاز و شرایط آن در مواد ذیل درج گردیده است و هر کس طالب باشد میتواند در مدت مقرر به اداره مربوطه مراجعه نماید. خبرنگار ما از تهران اطلاع میدهد که جلسه دیروز مجلس با حضور اکثریت نمایندگان تشکیل و پس از قرائت صورت مجلس جلسه قبل لوایح دولت مطرح و مذاکرات مفصلی بعمل آمد و بالاخره با اکثریت آراء تصویب گردید. تلگرافهای واصله از پاریس و لندن حاکی است که کنفرانس بین المللی در باب مسائل اقتصادی دایر و نمایندگان دول مختلفه در آن شرکت جسته اند و نتیجه مذاکرات تا چند روز دیگر منتشر خواهد شد. از طرف وزارت فواید عامه و تجارت اعلان میشود که بموجب قانون مصوب مجلس شورای ملی امتیاز استخراج معادن ذغال سنگ واقع در حوالی مشهد به شرکت داده میشود و مدت امتیاز و شرایط آن در مواد ذیل درج گردیده است و هر کس طالب باشد میتواند در مدت مقرر به اداره مربوطه مراجعه نماید. خبرنگار ما از تهران اطلاع میدهد که جلسه دیروز مجلس با حضور اکثریت نمایندگان تشکیل و پس از قرائت صورت مجلس جلسه قبل لوایح دولت مطرح و مذاکرات مفصلی بعمل آمد و بالاخره با اکثریت آراء تصویب گردید. تلگرافهای واصله از پاریس و لندن حاکی است که کنفرانس بین المللی در باب مسائل اقتصادی دایر و نمایندگان دول مختلفه در آن شرکت جسته اند و نتیجه مذاکرات تا چند روز دیگر منتشر خواهد شد.

۲۲۷۵
ورقه ساعت

از طرف وزارت فواید عامه و تجارت اعلان میشود که بموجب قانون مصوب مجلس شورای ملی امتیاز استخراج معادن ذغال سنگ واقع در حوالی مشهد به شرکت داده میشود و مدت امتیاز و شرایط آن در مواد ذیل درج گردیده است و هر کس طالب باشد میتواند در مدت مقرر به اداره مربوطه مراجعه نماید. خبرنگار ما از تهران اطلاع میدهد که جلسه دیروز مجلس با حضور اکثریت نمایندگان تشکیل و پس از قرائت صورت مجلس جلسه قبل لوایح دولت مطرح و مذاکرات مفصلی بعمل آمد و بالاخره با اکثریت آراء تصویب گردید. تلگرافهای واصله از پاریس و لندن حاکی است که کنفرانس بین المللی در باب مسائل اقتصادی دایر و نمایندگان دول مختلفه در آن شرکت جسته اند و نتیجه مذاکرات تا چند روز دیگر منتشر خواهد شد. از طرف وزارت فواید عامه و تجارت اعلان میشود که بموجب قانون مصوب مجلس شورای ملی امتیاز استخراج معادن ذغال سنگ واقع در حوالی مشهد به شرکت داده میشود و مدت امتیاز و شرایط آن در مواد ذیل درج گردیده است و هر کس طالب باشد میتواند در مدت مقرر به اداره مربوطه مراجعه نماید. خبرنگار ما از تهران اطلاع میدهد که جلسه دیروز مجلس با حضور اکثریت نمایندگان تشکیل و پس از قرائت صورت مجلس جلسه قبل لوایح دولت مطرح و مذاکرات مفصلی بعمل آمد و بالاخره با اکثریت آراء تصویب گردید. تلگرافهای واصله از پاریس و لندن حاکی است که کنفرانس بین المللی در باب مسائل اقتصادی دایر و نمایندگان دول مختلفه در آن شرکت جسته اند و نتیجه مذاکرات تا چند روز دیگر منتشر خواهد شد. از طرف وزارت فواید عامه و تجارت اعلان میشود که بموجب قانون مصوب مجلس شورای ملی امتیاز استخراج معادن ذغال سنگ واقع در حوالی مشهد به شرکت داده میشود و مدت امتیاز و شرایط آن در مواد ذیل درج گردیده است و هر کس طالب باشد میتواند در مدت مقرر به اداره مربوطه مراجعه نماید. خبرنگار ما از تهران اطلاع میدهد که جلسه دیروز مجلس با حضور اکثریت نمایندگان تشکیل و پس از قرائت صورت مجلس جلسه قبل لوایح دولت مطرح و مذاکرات مفصلی بعمل آمد و بالاخره با اکثریت آراء تصویب گردید. تلگرافهای واصله از پاریس و لندن حاکی است که کنفرانس بین المللی در باب مسائل اقتصادی دایر و نمایندگان دول مختلفه در آن شرکت جسته اند و نتیجه مذاکرات تا چند روز دیگر منتشر خواهد شد. از طرف وزارت فواید عامه و تجارت اعلان میشود که بموجب قانون مصوب مجلس شورای ملی امتیاز استخراج معادن ذغال سنگ واقع در حوالی مشهد به شرکت داده میشود و مدت امتیاز و شرایط آن در مواد ذیل درج گردیده است و هر کس طالب باشد میتواند در مدت مقرر به اداره مربوطه مراجعه نماید. خبرنگار ما از تهران اطلاع میدهد که جلسه دیروز مجلس با حضور اکثریت نمایندگان تشکیل و پس از قرائت صورت مجلس جلسه قبل لوایح دولت مطرح و مذاکرات مفصلی بعمل آمد و بالاخره با اکثریت آراء تصویب گردید. تلگرافهای واصله از پاریس و لندن حاکی است که کنفرانس بین المللی در باب مسائل اقتصادی دایر و نمایندگان دول مختلفه در آن شرکت جسته اند و نتیجه مذاکرات تا چند روز دیگر منتشر خواهد شد. از طرف وزارت فواید عامه و تجارت اعلان میشود که بموجب قانون مصوب مجلس شورای ملی امتیاز استخراج معادن ذغال سنگ واقع در حوالی مشهد به شرکت داده میشود و مدت امتیاز و شرایط آن در مواد ذیل درج گردیده است و هر کس طالب باشد میتواند در مدت مقرر به اداره مربوطه مراجعه نماید. خبرنگار ما از تهران اطلاع میدهد که جلسه دیروز مجلس با حضور اکثریت نمایندگان تشکیل و پس از قرائت صورت مجلس جلسه قبل لوایح دولت مطرح و مذاکرات مفصلی بعمل آمد و بالاخره با اکثریت آراء تصویب گردید. تلگرافهای واصله از پاریس و لندن حاکی است که کنفرانس بین المللی در باب مسائل اقتصادی دایر و نمایندگان دول مختلفه در آن شرکت جسته اند و نتیجه مذاکرات تا چند روز دیگر منتشر خواهد شد. از طرف وزارت فواید عامه و تجارت اعلان میشود که بموجب قانون مصوب مجلس شورای ملی امتیاز استخراج معادن ذغال سنگ واقع در حوالی مشهد به شرکت داده میشود و مدت امتیاز و شرایط آن در مواد ذیل درج گردیده است و هر کس طالب باشد میتواند در مدت مقرر به اداره مربوطه مراجعه نماید. خبرنگار ما از تهران اطلاع میدهد که جلسه دیروز مجلس با حضور اکثریت نمایندگان تشکیل و پس از قرائت صورت مجلس جلسه قبل لوایح دولت مطرح و مذاکرات مفصلی بعمل آمد و بالاخره با اکثریت آراء تصویب گردید. تلگرافهای واصله از پاریس و لندن حاکی است که کنفرانس بین المللی در باب مسائل اقتصادی دایر و نمایندگان دول مختلفه در آن شرکت جسته اند و نتیجه مذاکرات تا چند روز دیگر منتشر خواهد شد. از طرف وزارت فواید عامه و تجارت اعلان میشود که بموجب قانون مصوب مجلس شورای ملی امتیاز استخراج معادن ذغال سنگ واقع در حوالی مشهد به شرکت داده میشود و مدت امتیاز و شرایط آن در مواد ذیل درج گردیده است و هر کس طالب باشد میتواند در مدت مقرر به اداره مربوطه مراجعه نماید. خبرنگار ما از تهران اطلاع میدهد که جلسه دیروز مجلس با حضور اکثریت نمایندگان تشکیل و پس از قرائت صورت مجلس جلسه قبل لوایح دولت مطرح و مذاکرات مفصلی بعمل آمد و بالاخره با اکثریت آراء تصویب گردید. تلگرافهای واصله از پاریس و لندن حاکی است که کنفرانس بین المللی در باب مسائل اقتصادی دایر و نمایندگان دول مختلفه در آن شرکت جسته اند و نتیجه مذاکرات تا چند روز دیگر منتشر خواهد شد. از طرف وزارت فواید عامه و تجارت اعلان میشود که بموجب قانون مصوب مجلس شورای ملی امتیاز استخراج معادن ذغال سنگ واقع در حوالی مشهد به شرکت داده میشود و مدت امتیاز و شرایط آن در مواد ذیل درج گردیده است و هر کس طالب باشد میتواند در مدت مقرر به اداره مربوطه مراجعه نماید. خبرنگار ما از تهران اطلاع میدهد که جلسه دیروز مجلس با حضور اکثریت نمایندگان تشکیل و پس از قرائت صورت مجلس جلسه قبل لوایح دولت مطرح و مذاکرات مفصلی بعمل آمد و بالاخره با اکثریت آراء تصویب گردید. تلگرافهای واصله از پاریس و لندن حاکی است که کنفرانس بین المللی در باب مسائل اقتصادی دایر و نمایندگان دول مختلفه در آن شرکت جسته اند و نتیجه مذاکرات تا چند روز دیگر منتشر خواهد شد. از طرف وزارت فواید عامه و تجارت اعلان میشود که بموجب قانون مصوب مجلس شورای ملی امتیاز استخراج معادن ذغال سنگ واقع در حوالی مشهد به شرکت داده میشود و مدت امتیاز و شرایط آن در مواد ذیل درج گردیده است و هر کس طالب باشد میتواند در مدت مقرر به اداره مربوطه مراجعه نماید. خبرنگار ما از تهران اطلاع میدهد که جلسه دیروز مجلس با حضور اکثریت نمایندگان تشکیل و پس از قرائت صورت مجلس جلسه قبل لوایح دولت مطرح و مذاکرات مفصلی بعمل آمد و بالاخره با اکثریت آراء تصویب گردید. تلگرافهای واصله از پاریس و لندن حاکی است که کنفرانس بین المللی در باب مسائل اقتصادی دایر و نمایندگان دول مختلفه در آن شرکت جسته اند و نتیجه مذاکرات تا چند روز دیگر منتشر خواهد شد. از طرف وزارت فواید عامه و تجارت اعلان میشود که بموجب قانون مصوب مجلس شورای ملی امتیاز استخراج معادن ذغال سنگ واقع در حوالی مشهد به شرکت داده میشود و مدت امتیاز و شرایط آن در مواد ذیل درج گردیده است و هر کس طالب باشد میتواند در مدت مقرر به اداره مربوطه مراجعه نماید. خبرنگار ما از تهران اطلاع میدهد که جلسه دیروز مجلس با حضور اکثریت نمایندگان تشکیل و پس از قرائت صورت مجلس جلسه قبل لوایح دولت مطرح و مذاکرات مفصلی بعمل آمد و بالاخره با اکثریت آراء تصویب گردید. تلگرافهای واصله از پاریس و لندن حاکی است که کنفرانس بین المللی در باب مسائل اقتصادی دایر و نمایندگان دول مختلفه در آن شرکت جسته اند و نتیجه مذاکرات تا چند روز دیگر منتشر خواهد شد. از طرف وزارت فواید عامه و تجارت اعلان میشود که بموجب قانون مصوب مجلس شورای ملی امتیاز استخراج معادن ذغال سنگ واقع در حوالی مشهد به شرکت داده میشود و مدت امتیاز و شرایط آن در مواد ذیل درج گردیده است و هر کس طالب باشد میتواند در مدت مقرر به اداره مربوطه مراجعه نماید. خبرنگار ما از تهران اطلاع میدهد که جلسه دیروز مجلس با حضور اکثریت نمایندگان تشکیل و پس از قرائت صورت مجلس جلسه قبل لوایح دولت مطرح و مذاکرات مفصلی بعمل آمد و بالاخره با اکثریت آراء تصویب گردید. تلگرافهای واصله از پاریس و لندن حاکی است که کنفرانس بین المللی در باب مسائل اقتصادی دایر و نمایندگان دول مختلفه در آن شرکت جسته اند و نتیجه مذاکرات تا چند روز دیگر منتشر خواهد شد. از طرف وزارت فواید عامه و تجارت اعلان میشود که بموجب قانون مصوب مجلس شورای ملی امتیاز استخراج معادن ذغال سنگ واقع در حوالی مشهد به شرکت داده میشود و مدت امتیاز و شرایط آن در مواد ذیل درج گردیده است و هر کس طالب باشد میتواند در مدت مقرر به اداره مربوطه مراجعه نماید. خبرنگار ما از تهران اطلاع میدهد که جلسه دیروز مجلس با حضور اکثریت نمایندگان تشکیل و پس از قرائت صورت مجلس جلسه قبل لوایح دولت مطرح و مذاکرات مفصلی بعمل آمد و بالاخره با اکثریت آراء تصویب گردید. تلگرافهای واصله از پاریس و لندن حاکی است که کنفرانس بین المللی در باب مسائل اقتصادی دایر و نمایندگان دول مختلفه در آن شرکت جسته اند و نتیجه مذاکرات تا چند روز دیگر منتشر خواهد شد. از طرف وزارت فواید عامه و تجارت اعلان میشود که بموجب قانون مصوب مجلس شورای ملی امتیاز استخراج معادن ذغال سنگ واقع در حوالی مشهد به شرکت داده میشود و مدت امتیاز و شرایط آن در مواد ذیل درج گردیده است و هر کس طالب باشد میتواند در مدت مقرر به اداره مربوطه مراجعه نماید. خبرنگار ما از تهران اطلاع میدهد که جلسه دیروز مجلس با حضور اکثریت نمایندگان تشکیل و پس از قرائت صورت مجلس جلسه قبل لوایح دولت مطرح و مذاکرات مفصلی بعمل آمد و بالاخره با اکثریت آراء تصویب گردید. تلگرافهای واصله از پاریس و لندن حاکی است که کنفرانس بین المللی در باب مسائل اقتصادی دایر و نمایندگان دول مختلفه در آن شرکت جسته اند و نتیجه مذاکرات تا چند روز دیگر منتشر خواهد شد. از طرف وزارت فواید عامه و تجارت اعلان میشود که بموجب قانون مصوب مجلس شورای ملی امتیاز استخراج معادن ذغال سنگ واقع در حوالی مشهد به شرکت داده میشود و مدت امتیاز و شرایط آن در مواد ذیل درج گردیده است و هر کس طالب باشد میتواند در مدت مقرر به اداره مربوطه مراجعه نماید. خبرنگار ما از تهران اطلاع میدهد که جلسه دیروز مجلس با حضور اکثریت نمایندگان تشکیل و پس از قرائت صورت مجلس جلسه قبل لوایح دولت مطرح و مذاکرات مفصلی بعمل آمد و بالاخره با اکثریت آراء تصویب گردید. تلگرافهای واصله از پاریس و لندن حاکی است که کنفرانس بین المللی در باب مسائل اقتصادی دایر و نمایندگان دول مختلفه در آن شرکت جسته اند و نتیجه مذاکرات تا چند روز دیگر منتشر خواهد شد.

از طرف وزارت فواید عامه و تجارت اعلان میشود که بموجب قانون مصوب مجلس شورای ملی امتیاز استخراج معادن ذغال سنگ واقع در حوالی مشهد به شرکت داده میشود و مدت امتیاز و شرایط آن در مواد ذیل درج گردیده است و هر کس طالب باشد میتواند در مدت مقرر به اداره مربوطه مراجعه نماید. خبرنگار ما از تهران اطلاع میدهد که جلسه دیروز مجلس با حضور اکثریت نمایندگان تشکیل و پس از قرائت صورت مجلس جلسه قبل لوایح دولت مطرح و مذاکرات مفصلی بعمل آمد و بالاخره با اکثریت آراء تصویب گردید. تلگرافهای واصله از پاریس و لندن حاکی است که کنفرانس بین المللی در باب مسائل اقتصادی دایر و نمایندگان دول مختلفه در آن شرکت جسته اند و نتیجه مذاکرات تا چند روز دیگر منتشر خواهد شد. از طرف وزارت فواید عامه و تجارت اعلان میشود که بموجب قانون مصوب مجلس شورای ملی امتیاز استخراج معادن ذغال سنگ واقع در حوالی مشهد به شرکت داده میشود و مدت امتیاز و شرایط آن در مواد ذیل درج گردیده است و هر کس طالب باشد میتواند در مدت مقرر به اداره مربوطه مراجعه نماید. خبرنگار ما از تهران اطلاع میدهد که جلسه دیروز مجلس با حضور اکثریت نمایندگان تشکیل و پس از قرائت صورت مجلس جلسه قبل لوایح دولت مطرح و مذاکرات مفصلی بعمل آمد و بالاخره با اکثریت آراء تصویب گردید. تلگرافهای واصله از پاریس و لندن حاکی است که کنفرانس بین المللی در باب مسائل اقتصادی دایر و نمایندگان دول مختلفه در آن شرکت جسته اند و نتیجه مذاکرات تا چند روز دیگر منتشر خواهد شد. از طرف وزارت فواید عامه و تجارت اعلان میشود که بموجب قانون مصوب مجلس شورای ملی امتیاز استخراج معادن ذغال سنگ واقع در حوالی مشهد به شرکت داده میشود و مدت امتیاز و شرایط آن در مواد ذیل درج گردیده است و هر کس طالب باشد میتواند در مدت مقرر به اداره مربوطه مراجعه نماید. خبرنگار ما از تهران اطلاع میدهد که جلسه دیروز مجلس با حضور اکثریت نمایندگان تشکیل و پس از قرائت صورت مجلس جلسه قبل لوایح دولت مطرح و مذاکرات مفصلی بعمل آمد و بالاخره با اکثریت آراء تصویب گردید. تلگرافهای واصله از پاریس و لندن حاکی است که کنفرانس بین المللی در باب مسائل اقتصادی دایر و نمایندگان دول مختلفه در آن شرکت جسته اند و نتیجه مذاکرات تا چند روز دیگر منتشر خواهد شد. از طرف وزارت فواید عامه و تجارت اعلان میشود که بموجب قانون مصوب مجلس شورای ملی امتیاز استخراج معادن ذغال سنگ واقع در حوالی مشهد به شرکت داده میشود و مدت امتیاز و شرایط آن در مواد ذیل درج گردیده است و هر کس طالب باشد میتواند در مدت مقرر به اداره مربوطه مراجعه نماید. خبرنگار ما از تهران اطلاع میدهد که جلسه دیروز مجلس با حضور اکثریت نمایندگان تشکیل و پس از قرائت صورت مجلس جلسه قبل لوایح دولت مطرح و مذاکرات مفصلی بعمل آمد و بالاخره با اکثریت آراء تصویب گردید. تلگرافهای واصله از پاریس و لندن حاکی است که کنفرانس بین المللی در باب مسائل اقتصادی دایر و نمایندگان دول مختلفه در آن شرکت جسته اند و نتیجه مذاکرات تا چند روز دیگر منتشر خواهد شد. از طرف وزارت فواید عامه و تجارت اعلان میشود که بموجب قانون مصوب مجلس شورای ملی امتیاز استخراج معادن ذغال سنگ واقع در حوالی مشهد به شرکت داده میشود و مدت امتیاز و شرایط آن در مواد ذیل درج گردیده است و هر کس طالب باشد میتواند در مدت مقرر به اداره مربوطه مراجعه نماید. خبرنگار ما از تهران اطلاع میدهد که جلسه دیروز مجلس با حضور اکثریت نمایندگان تشکیل و پس از قرائت صورت مجلس جلسه قبل لوایح دولت مطرح و مذاکرات مفصلی بعمل آمد و بالاخره با اکثریت آراء تصویب گردید. تلگرافهای واصله از پاریس و لندن حاکی است که کنفرانس بین المللی در باب مسائل اقتصادی دایر و نمایندگان دول مختلفه در آن شرکت جسته اند و نتیجه مذاکرات تا چند روز دیگر منتشر خواهد شد. از طرف وزارت فواید عامه و تجارت اعلان میشود که بموجب قانون مصوب مجلس شورای ملی امتیاز استخراج معادن ذغال سنگ واقع در حوالی مشهد به شرکت داده میشود و مدت امتیاز و شرایط آن در مواد ذیل درج گردیده است و هر کس طالب باشد میتواند در مدت مقرر به اداره مربوطه مراجعه نماید. خبرنگار ما از تهران اطلاع میدهد که جلسه دیروز مجلس با حضور اکثریت نمایندگان تشکیل و پس از قرائت صورت مجلس جلسه قبل لوایح دولت مطرح و مذاکرات مفصلی بعمل آمد و بالاخره با اکثریت آراء تصویب گردید. تلگرافهای واصله از پاریس و لندن حاکی است که کنفرانس بین المللی در باب مسائل اقتصادی دایر و نمایندگان دول مختلفه در آن شرکت جسته اند و نتیجه مذاکرات تا چند روز دیگر منتشر خواهد شد. از طرف وزارت فواید عامه و تجارت اعلان میشود که بموجب قانون مصوب مجلس شورای ملی امتیاز استخراج معادن ذغال سنگ واقع در حوالی مشهد به شرکت داده میشود و مدت امتیاز و شرایط آن در مواد ذیل درج گردیده است و هر کس طالب باشد میتواند در مدت مقرر به اداره مربوطه مراجعه نماید. خبرنگار ما از تهران اطلاع میدهد که جلسه دیروز مجلس با حضور اکثریت نمایندگان تشکیل و پس از قرائت صورت مجلس جلسه قبل لوایح دولت مطرح و مذاکرات مفصلی بعمل آمد و بالاخره با اکثریت آراء تصویب گردید. تلگرافهای واصله از پاریس و لندن حاکی است که کنفرانس بین المللی در باب مسائل اقتصادی دایر و نمایندگان دول مختلفه در آن شرکت جسته اند و نتیجه مذاکرات تا چند روز دیگر منتشر خواهد شد. از طرف وزارت فواید عامه و تجارت اعلان میشود که بموجب قانون مصوب مجلس شورای ملی امتیاز استخراج معادن ذغال سنگ واقع در حوالی مشهد به شرکت داده میشود و مدت امتیاز و شرایط آن در مواد ذیل درج گردیده است و هر کس طالب باشد میتواند در مدت مقرر به اداره مربوطه مراجعه نماید. خبرنگار ما از تهران اطلاع میدهد که جلسه دیروز مجلس با حضور اکثریت نمایندگان تشکیل و پس از قرائت صورت مجلس جلسه قبل لوایح دولت مطرح و مذاکرات مفصلی بعمل آمد و بالاخره با اکثریت آراء تصویب گردید. تلگرافهای واصله از پاریس و لندن حاکی است که کنفرانس بین المللی در باب مسائل اقتصادی دایر و نمایندگان دول مختلفه در آن شرکت جسته اند و نتیجه مذاکرات تا چند روز دیگر منتشر خواهد شد. از طرف وزارت فواید عامه و تجارت اعلان میشود که بموجب قانون مصوب مجلس شورای ملی امتیاز استخراج معادن ذغال سنگ واقع در حوالی مشهد به شرکت داده میشود و مدت امتیاز و شرایط آن در مواد ذیل درج گردیده است و هر کس طالب باشد میتواند در مدت مقرر به اداره مربوطه مراجعه نماید. خبرنگار ما از تهران اطلاع میدهد که جلسه دیروز مجلس با حضور اکثریت نمایندگان تشکیل و پس از قرائت صورت مجلس جلسه قبل لوایح دولت مطرح و مذاکرات مفصلی بعمل آمد و بالاخره با اکثریت آراء تصویب گردید. تلگرافهای واصله از پاریس و لندن حاکی است که کنفرانس بین المللی در باب مسائل اقتصادی دایر و نمایندگان دول مختلفه در آن شرکت جسته اند و نتیجه مذاکرات تا چند روز دیگر منتشر خواهد شد. از طرف وزارت فواید عامه و تجارت اعلان میشود که بموجب قانون مصوب مجلس شورای ملی امتیاز استخراج معادن ذغال سنگ واقع در حوالی مشهد به شرکت داده میشود و مدت امتیاز و شرایط آن در مواد ذیل درج گردیده است و هر کس طالب باشد میتواند در مدت مقرر به اداره مربوطه مراجعه نماید. خبرنگار ما از تهران اطلاع میدهد که جلسه دیروز مجلس با حضور اکثریت نمایندگان تشکیل و پس از قرائت صورت مجلس جلسه قبل لوایح دولت مطرح و مذاکرات مفصلی بعمل آمد و بالاخره با اکثریت آراء تصویب گردید. تلگرافهای واصله از پاریس و لندن حاکی است که کنفرانس بین المللی در باب مسائل اقتصادی دایر و نمایندگان دول مختلفه در آن شرکت جسته اند و نتیجه مذاکرات تا چند روز دیگر منتشر خواهد شد. از طرف وزارت فواید عامه و تجارت اعلان میشود که بموجب قانون مصوب مجلس شورای ملی امتیاز استخراج معادن ذغال سنگ واقع در حوالی مشهد به شرکت داده میشود و مدت امتیاز و شرایط آن در مواد ذیل درج گردیده است و هر کس طالب باشد میتواند در مدت مقرر به اداره مربوطه مراجعه نماید. خبرنگار ما از تهران اطلاع میدهد که جلسه دیروز مجلس با حضور اکثریت نمایندگان تشکیل و پس از قرائت صورت مجلس جلسه قبل لوایح دولت مطرح و مذاکرات مفصلی بعمل آمد و بالاخره با اکثریت آراء تصویب گردید. تلگرافهای واصله از پاریس و لندن حاکی است که کنفرانس بین المللی در باب مسائل اقتصادی دایر و نمایندگان دول مختلفه در آن شرکت جسته اند و نتیجه مذاکرات تا چند روز دیگر منتشر خواهد شد. از طرف وزارت فواید عامه و تجارت اعلان میشود که بموجب قانون مصوب مجلس شورای ملی امتیاز استخراج معادن ذغال سنگ واقع در حوالی مشهد به شرکت داده میشود و مدت امتیاز و شرایط آن در مواد ذیل درج گردیده است و هر کس طالب باشد میتواند در مدت مقرر به اداره مربوطه مراجعه نماید. خبرنگار ما از تهران اطلاع میدهد که جلسه دیروز مجلس با حضور اکثریت نمایندگان تشکیل و پس از قرائت صورت مجلس جلسه قبل لوایح دولت مطرح و مذاکرات مفصلی بعمل آمد و بالاخره با اکثریت آراء تصویب گردید. تلگرافهای واصله از پاریس و لندن حاکی است که کنفرانس بین المللی در باب مسائل اقتصادی دایر و نمایندگان دول مختلفه در آن شرکت جسته اند و نتیجه مذاکرات تا چند روز دیگر منتشر خواهد شد. از طرف وزارت فواید عامه و تجارت اعلان میشود که بموجب قانون مصوب مجلس شورای ملی امتیاز استخراج معادن ذغال سنگ واقع در حوالی مشهد به شرکت داده میشود و مدت امتیاز و شرایط آن در مواد ذیل درج گردیده است و هر کس طالب باشد میتواند در مدت مقرر به اداره مربوطه مراجعه نماید. خبرنگار ما از تهران اطلاع میدهد که جلسه دیروز مجلس با حضور اکثریت نمایندگان تشکیل و پس از قرائت صورت مجلس جلسه قبل لوایح دولت مطرح و مذاکرات مفصلی بعمل آمد و بالاخره با اکثریت آراء تصویب گردید. تلگرافهای واصله از پاریس و لندن حاکی است که کنفرانس بین المللی در باب مسائل اقتصادی دایر و نمایندگان دول مختلفه در آن شرکت جسته اند و نتیجه مذاکرات تا چند روز دیگر منتشر خواهد شد. از طرف وزارت فواید عامه و تجارت اعلان میشود که بموجب قانون مصوب مجلس شورای ملی امتیاز استخراج معادن ذغال سنگ واقع در حوالی مشهد به شرکت داده میشود و مدت امتیاز و شرایط آن در مواد ذیل درج گردیده است و هر کس طالب باشد میتواند در مدت مقرر به اداره مربوطه مراجعه نماید. خبرنگار ما از تهران اطلاع میدهد که جلسه دیروز مجلس با حضور اکثریت نمایندگان تشکیل و پس از قرائت صورت مجلس جلسه قبل لوایح دولت مطرح و مذاکرات مفصلی بعمل آمد و بالاخره با اکثریت آراء تصویب گردید. تلگرافهای واصله از پاریس و لندن حاکی است که کنفرانس بین المللی در باب مسائل اقتصادی دایر و نمایندگان دول مختلفه در آن شرکت جسته اند و نتیجه مذاکرات تا چند روز دیگر منتشر خواهد شد.

قانون استیاز معادن ذغال سنگ مشهد

از طرف وزارت فواید عامه و تجارت اعلان میشود که بموجب قانون مصوب مجلس شورای ملی امتیاز استخراج معادن ذغال سنگ واقع در حوالی مشهد به شرکت داده میشود و مدت امتیاز و شرایط آن در مواد ذیل درج گردیده است و هر کس طالب باشد میتواند در مدت مقرر به اداره مربوطه مراجعه نماید. خبرنگار ما از تهران اطلاع میدهد که جلسه دیروز مجلس با حضور اکثریت نمایندگان تشکیل و پس از قرائت صورت مجلس جلسه قبل لوایح دولت مطرح و مذاکرات مفصلی بعمل آمد و بالاخره با اکثریت آراء تصویب گردید. تلگرافهای واصله از پاریس و لندن حاکی است که کنفرانس بین المللی در باب مسائل اقتصادی دایر و نمایندگان دول مختلفه در آن شرکت جسته اند و نتیجه مذاکرات تا چند روز دیگر منتشر خواهد شد. از طرف وزارت فواید عامه و تجارت اعلان میشود که بموجب قانون مصوب مجلس شورای ملی امتیاز استخراج معادن ذغال سنگ واقع در حوالی مشهد به شرکت داده میشود و مدت امتیاز و شرایط آن در مواد ذیل درج گردیده است و هر کس طالب باشد میتواند در مدت مقرر به اداره مربوطه مراجعه نماید. خبرنگار ما از تهران اطلاع میدهد که جلسه دیروز مجلس با حضور اکثریت نمایندگان تشکیل و پس از قرائت صورت مجلس جلسه قبل لوایح دولت مطرح و مذاکرات مفصلی بعمل آمد و بالاخره با اکثریت آراء تصویب گردید. تلگرافهای واصله از پاریس و لندن حاکی است که کنفرانس بین المللی در باب مسائل اقتصادی دایر و نمایندگان دول مختلفه در آن شرکت جسته اند و نتیجه مذاکرات تا چند روز دیگر منتشر خواهد شد. از طرف وزارت فواید عامه و تجارت اعلان میشود که بموجب قانون مصوب مجلس شورای ملی امتیاز استخراج معادن ذغال سنگ واقع در حوالی مشهد به شرکت داده میشود و مدت امتیاز و شرایط آن در مواد ذیل درج گردیده است و هر کس طالب باشد میتواند در مدت مقرر به اداره مربوطه مراجعه نماید. خبرنگار ما از تهران اطلاع میدهد که جلسه دیروز مجلس با حضور اکثریت نمایندگان تشکیل و پس از قرائت صورت مجلس جلسه قبل لوایح دولت مطرح و مذاکرات مفصلی بعمل آمد و بالاخره با اکثریت آراء تصویب گردید. تلگرافهای واصله از پاریس و لندن حاکی است که کنفرانس بین المللی در باب مسائل اقتصادی دایر و نمایندگان دول مختلفه در آن شرکت جسته اند و نتیجه مذاکرات تا چند روز دیگر منتشر خواهد شد. از طرف وزارت فواید عامه و تجارت اعلان میشود که بموجب قانون مصوب مجلس شورای ملی امتیاز استخراج معادن ذغال سنگ واقع در حوالی مشهد به شرکت داده میشود و مدت امتیاز و شرایط آن در مواد ذیل درج گردیده است و هر کس طالب باشد میتواند در مدت مقرر به اداره مربوطه مراجعه نماید. خبرنگار ما از تهران اطلاع میدهد که جلسه دیروز مجلس با حضور اکثریت نمایندگان تشکیل و پس از قرائت صورت مجلس جلسه قبل لوایح دولت مطرح و مذاکرات مفصلی بعمل آمد و بالاخره با اکثریت آراء تصویب گردید. تلگرافهای واصله از پاریس و لندن حاکی است که کنفرانس بین المللی در باب مسائل اقتصادی دایر و نمایندگان دول مختلفه در آن شرکت جسته اند و نتیجه مذاکرات تا چند روز دیگر منتشر خواهد شد. از طرف وزارت فواید عامه و تجارت اعلان میشود که بموجب قانون مصوب مجلس شورای ملی امتیاز استخراج معادن ذغال سنگ واقع در حوالی مشهد به شرکت داده میشود و مدت امتیاز و شرایط آن در مواد ذیل درج گردیده است و هر کس طالب باشد میتواند در مدت مقرر به اداره مربوطه مراجعه نماید. خبرنگار ما از تهران اطلاع میدهد که جلسه دیروز مجلس با حضور اکثریت نمایندگان تشکیل و پس از قرائت صورت مجلس جلسه قبل لوایح دولت مطرح و مذاکرات مفصلی بعمل آمد و بالاخره با اکثریت آراء تصویب گردید. تلگرافهای واصله از پاریس و لندن حاکی است که کنفرانس بین المللی در باب مسائل اقتصادی دایر و نمایندگان دول مختلفه در آن شرکت جسته اند و نتیجه مذاکرات تا چند روز دیگر منتشر خواهد شد. از طرف وزارت فواید عامه و تجارت اعلان میشود که بموجب قانون مصوب مجلس شورای ملی امتیاز استخراج معادن ذغال سنگ واقع در حوالی مشهد به شرکت داده میشود و مدت امتیاز و شرایط آن در مواد ذیل درج گردیده است و هر کس طالب باشد میتواند در مدت مقرر به اداره مربوطه مراجعه نماید. خبرنگار ما از تهران اطلاع میدهد که جلسه دیروز مجلس با حضور اکثریت نمایندگان تشکیل و پس از قرائت صورت مجلس جلسه قبل لوایح دولت مطرح و مذاکرات مفصلی بعمل آمد و بالاخره با اکثریت آراء تصویب گردید. تلگرافهای واصله از پاریس و لندن حاکی است که کنفرانس بین المللی در باب مسائل اقتصادی دایر و نمایندگان دول مختلفه در آن شرکت جسته اند و نتیجه مذاکرات تا چند روز دیگر منتشر خواهد شد. از طرف وزارت فواید عامه و تجارت اعلان میشود که بموجب قانون مصوب مجلس شورای ملی امتیاز استخراج معادن ذغال سنگ واقع در حوالی مشهد به شرکت داده میشود و مدت امتیاز و شرایط آن در مواد ذیل درج گردیده است و هر کس طالب باشد میتواند در مدت مقرر به اداره مربوطه مراجعه نماید. خبرنگار ما از تهران اطلاع میدهد که جلسه دیروز مجلس با حضور اکثریت نمایندگان تشکیل و پس از قرائت صورت مجلس جلسه قبل لوایح دولت مطرح و مذاکرات مفصلی بعمل آمد و بالاخره با اکثریت آراء تصویب گردید. تلگرافهای واصله از پاریس و لندن حاکی است که کنفرانس بین المللی در باب مسائل اقتصادی دایر و نمایندگان دول مختلفه در آن شرکت جسته اند و نتیجه مذاکرات تا چند روز دیگر منتشر خواهد شد. از طرف وزارت فواید عامه و تجارت اعلان میشود که بموجب قانون مصوب مجلس شورای ملی امتیاز استخراج معادن ذغال سنگ واقع در حوالی مشهد به شرکت داده میشود و مدت امتیاز و شرایط آن در مواد ذیل درج گردیده است و هر کس طالب باشد میتواند در مدت مقرر به اداره مربوطه مراجعه نماید. خبرنگار ما از تهران اطلاع میدهد که جلسه دیروز مجلس با حضور اکثریت نمایندگان تشکیل و پس از قرائت صورت مجلس جلسه قبل لوایح دولت مطرح و مذاکرات مفصلی بعمل آمد و بالاخره با اکثریت آراء تصویب گردید. تلگرافهای واصله از پاریس و لندن حاکی است که کنفرانس بین المللی در باب مسائل اقتصادی دایر و نمایندگان دول مختلفه در آن شرکت جسته اند و نتیجه مذاکرات تا چند روز دیگر منتشر خواهد شد. از طرف وزارت فواید عامه و تجارت اعلان میشود که بموجب قانون مصوب مجلس شورای ملی امتیاز استخراج معادن ذغال سنگ واقع در حوالی مشهد به شرکت داده میشود و مدت امتیاز و شرایط آن در مواد ذیل درج گردیده است و هر کس طالب باشد میتواند در مدت مقرر به اداره مربوطه مراجعه نماید. خبرنگار ما از تهران اطلاع میدهد که جلسه دیروز مجلس با حضور اکثریت نمایندگان تشکیل و پس از قرائت صورت مجلس جلسه قبل لوایح دولت مطرح و مذاکرات مفصلی بعمل آمد و بالاخره با اکثریت آراء تصویب گردید. تلگرافهای واصله از پاریس و لندن حاکی است که کنفرانس بین المللی در باب مسائل اقتصادی دایر و نمایندگان دول مختلفه در آن شرکت جسته اند و نتیجه مذاکرات تا چند روز دیگر منتشر خواهد شد. از طرف وزارت فواید عامه و تجارت اعلان میشود که بموجب قانون مصوب مجلس شورای ملی امتیاز استخراج معادن ذغال سنگ واقع در حوالی مشهد به شرکت داده میشود و مدت امتیاز و شرایط آن در مواد ذیل درج گردیده است و هر کس طالب باشد میتواند در مدت مقرر به اداره مربوطه مراجعه نماید. خبرنگار ما از تهران اطلاع میدهد که جلسه دیروز مجلس با حضور اکثریت نمایندگان تشکیل و پس از قرائت صورت مجلس جلسه قبل لوایح دولت مطرح و مذاکرات مفصلی بعمل آمد و بالاخره با اکثریت آراء تصویب گردید. تلگرافهای واصله از پاریس و لندن حاکی است که کنفرانس بین المللی در باب مسائل اقتصادی دایر و نمایندگان دول مختلفه در آن شرکت جسته اند و نتیجه مذاکرات تا چند روز دیگر منتشر خواهد شد. از طرف وزارت فواید عامه و تجارت اعلان میشود که بموجب قانون مصوب مجلس شورای ملی امتیاز استخراج معادن ذغال سنگ واقع در حوالی مشهد به شرکت داده میشود و مدت امتیاز و شرایط آن در مواد ذیل درج گردیده است و هر کس طالب باشد میتواند در مدت مقرر به اداره مربوطه مراجعه نماید. خبرنگار ما از تهران اطلاع میدهد که جلسه دیروز مجلس با حضور اکثریت نمایندگان تشکیل و پس از قرائت صورت مجلس جلسه قبل لوایح دولت مطرح و مذاکرات مفصلی بعمل آمد و بالاخره با اکثریت آراء تصویب گردید. تلگرافهای واصله از پاریس و لندن حاکی است که کنفرانس بین المللی در باب مسائل اقتصادی دایر و نمایندگان دول مختلفه در آن شرکت جسته اند و نتیجه مذاکرات تا چند روز دیگر منتشر خواهد شد. از طرف وزارت فواید عامه و تجارت اعلان میشود که بموجب قانون مصوب مجلس شورای ملی امتیاز استخراج معادن ذغال سنگ واقع در حوالی مشهد به شرکت داده میشود و مدت امتیاز و شرایط آن در مواد ذیل درج گردیده است و هر کس طالب باشد میتواند در مدت مقرر به اداره مربوطه مراجعه نماید. خبرنگار ما از تهران اطلاع میدهد که جلسه دیروز مجلس با حضور اکثریت نمایندگان تشکیل و پس از قرائت صورت مجلس جلسه قبل لوایح دولت مطرح و مذاکرات مفصلی بعمل آمد و بالاخره با اکثریت آراء تصویب گردید. تلگرافهای واصله از پاریس و لندن حاکی است که کنفرانس بین المللی در باب مسائل اقتصادی دایر و نمایندگان دول مختلفه در آن شرکت جسته اند و نتیجه مذاکرات تا چند روز دیگر منتشر خواهد شد. از طرف وزارت فواید عامه و تجارت اعلان میشود که بموجب قانون مصوب مجلس شورای ملی امتیاز استخراج معادن ذغال سنگ واقع در حوالی مشهد به شرکت داده میشود و مدت امتیاز و شرایط آن در مواد ذیل درج گردیده است و هر کس طالب باشد میتواند در مدت مقرر به اداره مربوطه مراجعه نماید. خبرنگار ما از تهران اطلاع میدهد که جلسه دیروز مجلس با حضور اکثریت نمایندگان تشکیل و پس از قرائت صورت مجلس جلسه قبل لوایح دولت مطرح و مذاکرات مفصلی بعمل آمد و بالاخره با اکثریت آراء تصویب گردید. تلگرافهای واصله از پاریس و لندن حاکی است که کنفرانس بین المللی در باب مسائل اقتصادی دایر و نمایندگان دول مختلفه در آن شرکت جسته اند و نتیجه مذاکرات تا چند روز دیگر منتشر خواهد شد. از طرف وزارت فواید عامه و تجارت اعلان میشود که بموجب قانون مصوب مجلس شورای ملی امتیاز استخراج معادن ذغال سنگ واقع در حوالی مشهد به شرکت داده میشود و مدت امتیاز و شرایط آن در مواد ذیل درج گردیده است و هر کس طالب باشد میتواند در مدت مقرر به اداره مربوطه مراجعه نماید. خبرنگار ما از تهران اطلاع میدهد که جلسه دیروز مجلس با حضور اکثریت نمایندگان تشکیل و پس از قرائت صورت مجلس جلسه قبل لوایح دولت مطرح و مذاکرات مفصلی بعمل آمد و بالاخره با اکثریت آراء تصویب گردید. تلگرافهای واصله از پاریس و لندن حاکی است که کنفرانس بین المللی در باب مسائل اقتصادی دایر و نمایندگان دول مختلفه در آن شرکت جسته اند و نتیجه مذاکرات تا چند روز دیگر منتشر خواهد شد.

شورای ملی

از طرف وزارت فواید عامه و تجارت اعلان میشود که بموجب قانون مصوب مجلس شورای ملی امتیاز استخراج معادن ذغال سنگ واقع در حوالی مشهد به شرکت داده میشود و مدت امتیاز و شرایط آن در مواد ذیل درج گردیده است و هر کس طالب باشد میتواند در مدت مقرر به اداره مربوطه مراجعه نماید. خبرنگار ما از تهران اطلاع میدهد که جلسه دیروز مجلس با حضور اکثریت نمایندگان تشکیل و پس از قرائت صورت مجلس جلسه قبل لوایح دولت مطرح و مذاکرات مفصلی بعمل آمد و بالاخره با اکثریت آراء تصویب گردید. تلگرافهای واصله از پاریس و لندن حاکی است که کنفرانس بین المللی در باب مسائل اقتصادی دایر و نمایندگان دول مختلفه در آن شرکت جسته اند و نتیجه مذاکرات تا چند روز دیگر منتشر خواهد شد. از طرف وزارت فواید عامه و تجارت اعلان میشود که بموجب قانون مصوب مجلس شورای ملی امتیاز استخراج معادن ذغال سنگ واقع در حوالی مشهد به شرکت داده میشود و مدت امتیاز و شرایط آن در مواد ذیل درج گردیده است و هر کس طالب باشد میتواند در مدت مقرر به اداره مربوطه مراجعه نماید. خبرنگار ما از تهران اطلاع میدهد که جلسه دیروز مجلس با حضور اکثریت نمایندگان تشکیل و پس از قرائت صورت مجلس جلسه قبل لوایح دولت مطرح و مذاکرات مفصلی بعمل آمد و بالاخره با اکثریت آراء تصویب گردید. تلگرافهای واصله از پاریس و لندن حاکی است که کنفرانس بین المللی در باب مسائل اقتصادی دایر و نمایندگان دول مختلفه در آن شرکت جسته اند و نتیجه مذاکرات تا چند روز دیگر منتشر خواهد شد. از طرف وزارت فواید عامه و تجارت اعلان میشود که بموجب قانون مصوب مجلس شورای ملی امتیاز استخراج معادن ذغال سنگ واقع در حوالی مشهد به شرکت داده میشود و مدت امتیاز و شرایط آن در مواد ذیل درج گردیده است و هر کس طالب باشد میتواند در مدت مقرر به اداره مربوطه مراجعه نماید. خبرنگار ما از تهران اطلاع میدهد که جلسه دیروز مجلس با حضور اکثریت نمایندگان تشکیل و پس از قرائت صورت مجلس جلسه قبل لوایح دولت مطرح و مذاکرات مفصلی بعمل آمد و بالاخره با اکثریت آراء تصویب گردید. تلگرافهای واصله از پاریس و لندن حاکی است که کنفرانس بین المللی در باب مسائل اقتصادی دایر و نمایندگان دول مختلفه در آن شرکت جسته اند و نتیجه مذاکرات تا چند روز دیگر منتشر خواهد شد. از طرف وزارت فواید عامه و تجارت اعلان میشود که بموجب قانون مصوب مجلس شورای ملی امتیاز استخراج معادن ذغال سنگ واقع در حوالی مشهد به شرکت داده میشود و مدت امتیاز و شرایط آن در مواد ذیل درج گردیده است و هر کس طالب باشد میتواند در مدت مقرر به اداره مربوطه مراجعه نماید. خبرنگار ما از تهران اطلاع میدهد که جلسه دیروز مجلس با حضور اکثریت نمایندگان تشکیل و پس از قرائت صورت مجلس جلسه قبل لوایح دولت مطرح و مذاکرات مفصلی بعمل آمد و بالاخره با اکثریت آراء تصویب گردید. تلگرافهای واصله از پاریس و لندن حاکی است که کنفرانس بین المللی در باب مسائل اقتصادی دایر و نمایندگان دول مختلفه در آن شرکت جسته اند و نتیجه مذاکرات تا چند روز دیگر منتشر خواهد شد. از طرف وزارت فواید عامه و تجارت اعلان میشود که بموجب قانون مصوب مجلس شورای ملی امتیاز استخراج معادن ذغال سنگ واقع در حوالی مشهد به شرکت داده میشود و مدت امتیاز و شرایط آن در مواد ذیل درج گردیده است و هر کس طالب باشد میتواند در مدت مقرر به اداره مربوطه مراجعه نماید. خبرنگار ما از تهران اطلاع میدهد که جلسه دیروز مجلس با حضور اکثریت نمایندگان تشکیل و پس از قرائت صورت مجلس جلسه قبل لوایح دولت مطرح و مذاکرات مفصلی بعمل آمد و بالاخره با اکثریت آراء تصویب گردید. تلگرافهای واصله از پاریس و لندن حاکی است که کنفرانس بین المللی در باب مسائل اقتصادی دایر و نمایندگان دول مختلفه در آن شرکت جسته اند و نتیجه مذاکرات تا چند روز دیگر منتشر خواهد شد. از طرف وزارت فواید عامه و تجارت اعلان میشود که بموجب قانون مصوب مجلس شورای ملی امتیاز استخراج معادن ذغال سنگ واقع در حوالی مشهد به شرکت داده میشود و مدت امتیاز و شرایط آن در مواد ذیل درج گردیده است و هر کس طالب باشد میتواند در مدت مقرر به اداره مربوطه مراجعه نماید. خبرنگار ما از تهران اطلاع میدهد که جلسه دیروز مجلس با حضور اکثریت نمایندگان تشکیل و پس از قرائت صورت مجلس جلسه قبل لوایح دولت مطرح و مذاکرات مفصلی بعمل آمد و بالاخره با اکثریت آراء تصویب گردید. تلگرافهای واصله از پاریس و لندن حاکی است که کنفرانس بین المللی در باب مسائل اقتصادی دایر و نمایندگان دول مختلفه در آن شرکت جسته اند و نتیجه مذاکرات تا چند روز دیگر منتشر خواهد شد. از طرف وزارت فواید عامه و تجارت اعلان میشود که بموجب قانون مصوب مجلس شورای ملی امتیاز استخراج معادن ذغال سنگ واقع در حوالی مشهد به شرکت داده میشود و مدت امتیاز و شرایط آن در مواد ذیل درج گردیده است و هر کس طالب باشد میتواند در مدت مقرر به اداره مربوطه مراجعه نماید. خبرنگار ما از تهران اطلاع میدهد که جلسه دیروز مجلس با حضور اکثریت نمایندگان تشکیل و پس از قرائت صورت مجلس جلسه قبل لوایح دولت مطرح و مذاکرات مفصلی بعمل آمد و بالاخره با اکثریت آراء تصویب گردید. تلگرافهای واصله از پاریس و لندن حاکی است که کنفرانس بین المللی در باب مسائل اقتصادی دایر و نمایندگان دول مختلفه در آن شرکت جسته اند و نتیجه مذاکرات تا چند روز دیگر منتشر خواهد شد. از طرف وزارت فواید عامه و تجارت اعلان میشود که بموجب قانون مصوب مجلس شورای ملی امتیاز استخراج معادن ذغال سنگ واقع در حوالی مشهد به شرکت داده میشود و مدت امتیاز و شرایط آن در مواد ذیل درج گردیده است و هر کس طالب باشد میتواند در مدت مقرر به اداره مربوطه مراجعه نماید. خبرنگار ما از تهران اطلاع میدهد که جلسه دیروز مجلس با حضور اکثریت نمایندگان تشکیل و پس از قرائت صورت مجلس جلسه قبل لوایح دولت مطرح و مذاکرات مفصلی بعمل آمد و بالاخره با اکثریت آراء تصویب گردید. تلگرافهای واصله از پاریس و لندن حاکی است که کنفرانس بین المللی در باب مسائل اقتصادی دایر و نمایندگان دول مختلفه در آن شرکت جسته اند و نتیجه مذاکرات تا چند روز دیگر منتشر خواهد شد. از طرف وزارت فواید عامه و تجارت اعلان میشود که بموجب قانون مصوب مجلس شورای ملی امتیاز استخراج معادن ذغال سنگ واقع در حوالی مشهد به شرکت داده میشود و مدت امتیاز و شرایط آن در مواد ذیل درج گردیده است و هر کس طالب باشد میتواند در مدت مقرر به اداره مربوطه مراجعه نماید. خبرنگار ما از تهران اطلاع میدهد که جلسه دیروز مجلس با حضور اکثریت نمایندگان تشکیل و پس از قرائت صورت مجلس جلسه قبل لوایح دولت مطرح و مذاکرات مفصلی بعمل آمد و بالاخره با اکثریت آراء تصویب گردید. تلگرافهای واصله از پاریس و لندن حاکی است که کنفرانس بین المللی در باب مسائل اقتصادی دایر و نمایندگان دول مختلفه در آن شرکت جسته اند و نتیجه مذاکرات تا چند روز دیگر منتشر خواهد شد. از طرف وزارت فواید عامه و تجارت اعلان میشود که بموجب قانون مصوب مجلس شورای ملی امتیاز استخراج معادن ذغال سنگ واقع در حوالی مشهد به شرکت داده میشود و مدت امتیاز و شرایط آن در مواد ذیل درج گردیده است و هر کس طالب باشد میتواند در مدت مقرر به اداره مربوطه مراجعه نماید. خبرنگار ما از تهران اطلاع میدهد که جلسه دیروز مجلس با حضور اکثریت نمایندگان تشکیل و پس از قرائت صورت مجلس جلسه قبل لوایح دولت مطرح و مذاکرات مفصلی بعمل آمد و بالاخره با اکثریت آراء تصویب گردید. تلگرافهای واصله از پاریس و لندن حاکی است که کنفرانس بین المللی در باب مسائل اقتصادی دایر و نمایندگان دول مختلفه در آن شرکت جسته اند و نتیجه مذاکرات تا چند روز دیگر منتشر خواهد شد. از طرف وزارت فواید عامه و تجارت اعلان میشود که بموجب قانون مصوب مجلس شورای ملی امتیاز استخراج معادن ذغال سنگ واقع در حوالی مشهد به شرکت داده میشود و مدت امتیاز و شرایط آن در مواد ذیل درج گردیده است و هر کس طالب باشد میتواند در مدت مقرر به اداره مربوطه مراجعه نماید. خبرنگار ما از تهران اطلاع میدهد که جلسه دیروز مجلس با حضور اکثریت نمایندگان تشکیل و پس از قرائت صورت مجلس جلسه قبل لوایح دولت مطرح و مذاکرات مفصلی بعمل آمد و بالاخره با اکثریت آراء تصویب گردید. تلگرافهای واصله از پاریس و لندن حاکی است که کنفرانس بین المللی در باب مسائل اقتصادی دایر و نمایندگان دول مختلفه در آن شرکت جسته اند و نتیجه مذاکرات تا چند روز دیگر منتشر خواهد شد. از طرف وزارت فواید عامه و تجارت اعلان میشود که بموجب قانون مصوب مجلس شورای ملی امتیاز استخراج معادن ذغال سنگ واقع در حوالی مشهد به شرکت داده میشود و مدت امتیاز و شرایط آن در مواد ذیل درج گردیده است و هر کس طالب باشد میتواند در مدت مقرر به اداره مربوطه مراجعه نماید. خبرنگار ما از تهران اطلاع میدهد که جلسه دیروز مجلس با حضور اکثریت نمایندگان تشکیل و پس از قرائت صورت مجلس جلسه قبل لوایح دولت مطرح و مذاکرات مفصلی بعمل آمد و بالاخره با اکثریت آراء تصویب گردید. تلگرافهای واصله از پاریس و لندن حاکی است که کنفرانس بین المللی در باب مسائل اقتصادی دایر و نمایندگان دول مختلفه در آن شرکت جسته اند و نتیجه مذاکرات تا چند روز دیگر منتشر خواهد شد. از طرف وزارت فواید عامه و تجارت اعلان میشود که بموجب قانون مصوب مجلس شورای ملی امتیاز استخراج معادن ذغال سنگ واقع در حوالی مشهد به شرکت داده میشود و مدت امتیاز و شرایط آن در مواد ذیل درج گردیده است و هر کس طالب باشد میتواند در مدت مقرر به اداره مربوطه مراجعه نماید. خبرنگار ما از تهران اطلاع میدهد که جلسه دیروز مجلس با حضور اکثریت نمایندگان تشکیل و پس از قرائت صورت مجلس جلسه قبل لوایح دولت مطرح و مذاکرات مفصلی بعمل آمد و بالاخره با اکثریت آراء تصویب گردید. تلگرافهای واصله از پاریس و لندن حاکی است که کنفرانس بین المللی در باب مسائل اقتصادی دایر و نمایندگان دول مختلفه در آن شرکت جسته اند و نتیجه مذاکرات تا چند روز دیگر منتشر خواهد شد. از طرف وزارت فواید عامه و تجارت اعلان میشود که بموجب قانون مصوب مجلس شورای ملی امتیاز استخراج معادن ذغال سنگ واقع در حوالی مشهد به شرکت داده میشود و مدت امتیاز و شرایط آن در مواد ذیل درج گردیده است و هر کس طالب باشد میتواند در مدت مقرر به اداره مربوطه مراجعه نماید. خبرنگار ما از تهران اطلاع میدهد که جلسه دیروز مجلس با حضور اکثریت نمایندگان تشکیل و پس از قرائت صورت مجلس جلسه قبل لوایح دولت مطرح و مذاکرات مفصلی بعمل آمد و بالاخره با اکثریت آراء تصویب گردید. تلگرافهای واصله از پاریس و لندن حاکی است که کنفرانس بین المللی در باب مسائل اقتصادی دایر و نمایندگان دول مختلفه در آن شرکت جسته اند و نتیجه مذاکرات تا چند روز دیگر منتشر خواهد شد.
